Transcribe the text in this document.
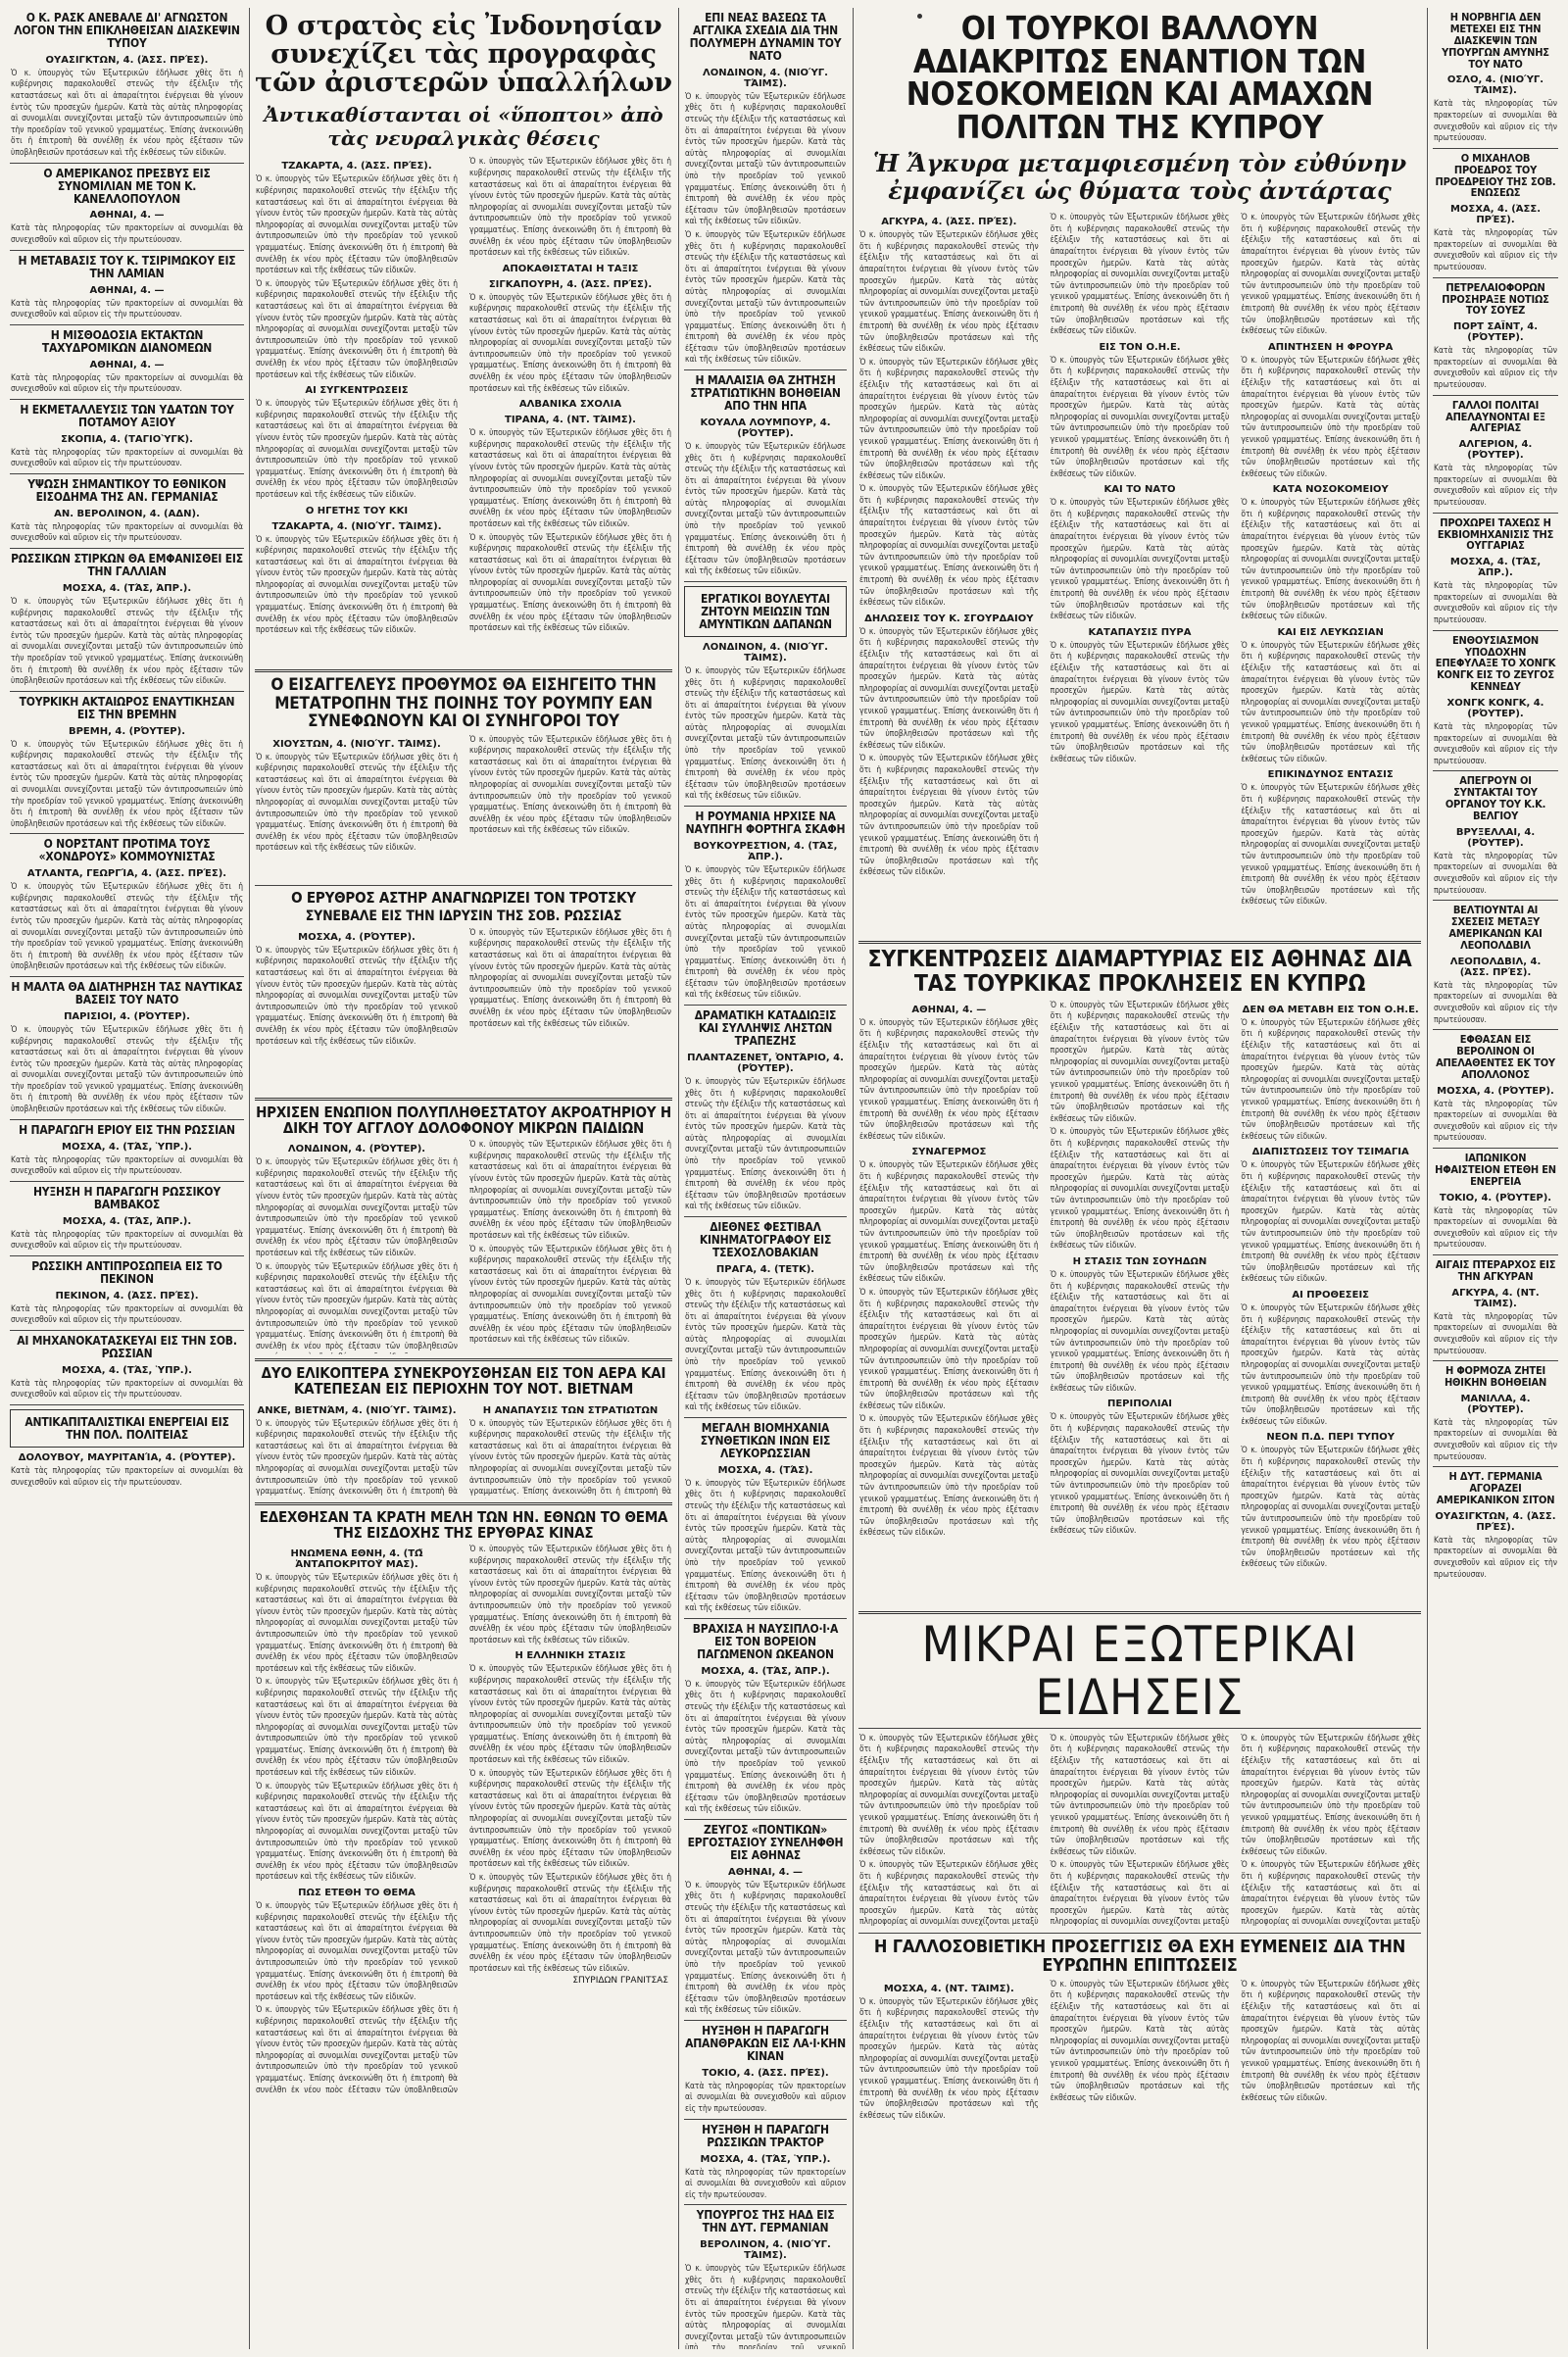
Ο Κ. ΡΑΣΚ ΑΝΕΒΑΛΕ ΔΙ' ΑΓΝΩΣΤΟΝ ΛΟΓΟΝ ΤΗΝ ΕΠΙΚΛΗΘΕΙΣΑΝ ΔΙΑΣΚΕΨΙΝ ΤΥΠΟΥ
ΟΥΑΣΙΓΚΤΩΝ, 4. (ἈΣΣ. ΠΡΈΣ).
Ὁ κ. ὑπουργὸς τῶν Ἐξωτερικῶν ἐδήλωσε χθὲς ὅτι ἡ κυβέρνησις παρακολουθεῖ στενῶς τὴν ἐξέλιξιν τῆς καταστάσεως καὶ ὅτι αἱ ἀπαραίτητοι ἐνέργειαι θὰ γίνουν ἐντὸς τῶν προσεχῶν ἡμερῶν. Κατὰ τὰς αὐτὰς πληροφορίας αἱ συνομιλίαι συνεχίζονται μεταξὺ τῶν ἀντιπροσωπειῶν ὑπὸ τὴν προεδρίαν τοῦ γενικοῦ γραμματέως. Ἐπίσης ἀνεκοινώθη ὅτι ἡ ἐπιτροπὴ θὰ συνέλθῃ ἐκ νέου πρὸς ἐξέτασιν τῶν ὑποβληθεισῶν προτάσεων καὶ τῆς ἐκθέσεως τῶν εἰδικῶν.
Ο ΑΜΕΡΙΚΑΝΟΣ ΠΡΕΣΒΥΣ ΕΙΣ ΣΥΝΟΜΙΛΙΑΝ ΜΕ ΤΟΝ Κ. ΚΑΝΕΛΛΟΠΟΥΛΟΝ
ΑΘΗΝΑΙ, 4. —
Κατὰ τὰς πληροφορίας τῶν πρακτορείων αἱ συνομιλίαι θὰ συνεχισθοῦν καὶ αὔριον εἰς τὴν πρωτεύουσαν.
Η ΜΕΤΑΒΑΣΙΣ ΤΟΥ Κ. ΤΣΙΡΙΜΩΚΟΥ ΕΙΣ ΤΗΝ ΛΑΜΙΑΝ
ΑΘΗΝΑΙ, 4. —
Κατὰ τὰς πληροφορίας τῶν πρακτορείων αἱ συνομιλίαι θὰ συνεχισθοῦν καὶ αὔριον εἰς τὴν πρωτεύουσαν.
Η ΜΙΣΘΟΔΟΣΙΑ ΕΚΤΑΚΤΩΝ ΤΑΧΥΔΡΟΜΙΚΩΝ ΔΙΑΝΟΜΕΩΝ
ΑΘΗΝΑΙ, 4. —
Κατὰ τὰς πληροφορίας τῶν πρακτορείων αἱ συνομιλίαι θὰ συνεχισθοῦν καὶ αὔριον εἰς τὴν πρωτεύουσαν.
Η ΕΚΜΕΤΑΛΛΕΥΣΙΣ ΤΩΝ ΥΔΑΤΩΝ ΤΟΥ ΠΟΤΑΜΟΥ ΑΞΙΟΥ
ΣΚΟΠΙΑ, 4. (ΤΑΓΙΟῪΓΚ).
Κατὰ τὰς πληροφορίας τῶν πρακτορείων αἱ συνομιλίαι θὰ συνεχισθοῦν καὶ αὔριον εἰς τὴν πρωτεύουσαν.
ΥΨΩΣΗ ΣΗΜΑΝΤΙΚΟΥ ΤΟ ΕΘΝΙΚΟΝ ΕΙΣΟΔΗΜΑ ΤΗΣ ΑΝ. ΓΕΡΜΑΝΙΑΣ
ΑΝ. ΒΕΡΟΛΙΝΟΝ, 4. (ΑΔΝ).
Κατὰ τὰς πληροφορίας τῶν πρακτορείων αἱ συνομιλίαι θὰ συνεχισθοῦν καὶ αὔριον εἰς τὴν πρωτεύουσαν.
ΡΩΣΣΙΚΩΝ ΣΤΙΡΚΩΝ ΘΑ ΕΜΦΑΝΙΣΘΕΙ ΕΙΣ ΤΗΝ ΓΑΛΛΙΑΝ
ΜΟΣΧΑ, 4. (ΤΆΣ, ἈΠΡ.).
Ὁ κ. ὑπουργὸς τῶν Ἐξωτερικῶν ἐδήλωσε χθὲς ὅτι ἡ κυβέρνησις παρακολουθεῖ στενῶς τὴν ἐξέλιξιν τῆς καταστάσεως καὶ ὅτι αἱ ἀπαραίτητοι ἐνέργειαι θὰ γίνουν ἐντὸς τῶν προσεχῶν ἡμερῶν. Κατὰ τὰς αὐτὰς πληροφορίας αἱ συνομιλίαι συνεχίζονται μεταξὺ τῶν ἀντιπροσωπειῶν ὑπὸ τὴν προεδρίαν τοῦ γενικοῦ γραμματέως. Ἐπίσης ἀνεκοινώθη ὅτι ἡ ἐπιτροπὴ θὰ συνέλθῃ ἐκ νέου πρὸς ἐξέτασιν τῶν ὑποβληθεισῶν προτάσεων καὶ τῆς ἐκθέσεως τῶν εἰδικῶν.
ΤΟΥΡΚΙΚΗ ΑΚΤΑΙΩΡΟΣ ΕΝΑΥΤΙΚΗΣΑΝ ΕΙΣ ΤΗΝ ΒΡΕΜΗΝ
ΒΡΕΜΗ, 4. (ΡΌΥΤΕΡ).
Ὁ κ. ὑπουργὸς τῶν Ἐξωτερικῶν ἐδήλωσε χθὲς ὅτι ἡ κυβέρνησις παρακολουθεῖ στενῶς τὴν ἐξέλιξιν τῆς καταστάσεως καὶ ὅτι αἱ ἀπαραίτητοι ἐνέργειαι θὰ γίνουν ἐντὸς τῶν προσεχῶν ἡμερῶν. Κατὰ τὰς αὐτὰς πληροφορίας αἱ συνομιλίαι συνεχίζονται μεταξὺ τῶν ἀντιπροσωπειῶν ὑπὸ τὴν προεδρίαν τοῦ γενικοῦ γραμματέως. Ἐπίσης ἀνεκοινώθη ὅτι ἡ ἐπιτροπὴ θὰ συνέλθῃ ἐκ νέου πρὸς ἐξέτασιν τῶν ὑποβληθεισῶν προτάσεων καὶ τῆς ἐκθέσεως τῶν εἰδικῶν.
Ο ΝΟΡΣΤΑΝΤ ΠΡΟΤΙΜΑ ΤΟΥΣ «ΧΟΝΔΡΟΥΣ» ΚΟΜΜΟΥΝΙΣΤΑΣ
ΑΤΛΑΝΤΑ, ΓΕΩΡΓΊΑ, 4. (ἈΣΣ. ΠΡΈΣ).
Ὁ κ. ὑπουργὸς τῶν Ἐξωτερικῶν ἐδήλωσε χθὲς ὅτι ἡ κυβέρνησις παρακολουθεῖ στενῶς τὴν ἐξέλιξιν τῆς καταστάσεως καὶ ὅτι αἱ ἀπαραίτητοι ἐνέργειαι θὰ γίνουν ἐντὸς τῶν προσεχῶν ἡμερῶν. Κατὰ τὰς αὐτὰς πληροφορίας αἱ συνομιλίαι συνεχίζονται μεταξὺ τῶν ἀντιπροσωπειῶν ὑπὸ τὴν προεδρίαν τοῦ γενικοῦ γραμματέως. Ἐπίσης ἀνεκοινώθη ὅτι ἡ ἐπιτροπὴ θὰ συνέλθῃ ἐκ νέου πρὸς ἐξέτασιν τῶν ὑποβληθεισῶν προτάσεων καὶ τῆς ἐκθέσεως τῶν εἰδικῶν.
Η ΜΑΛΤΑ ΘΑ ΔΙΑΤΗΡΗΣΗ ΤΑΣ ΝΑΥΤΙΚΑΣ ΒΑΣΕΙΣ ΤΟΥ ΝΑΤΟ
ΠΑΡΙΣΙΟΙ, 4. (ΡΌΥΤΕΡ).
Ὁ κ. ὑπουργὸς τῶν Ἐξωτερικῶν ἐδήλωσε χθὲς ὅτι ἡ κυβέρνησις παρακολουθεῖ στενῶς τὴν ἐξέλιξιν τῆς καταστάσεως καὶ ὅτι αἱ ἀπαραίτητοι ἐνέργειαι θὰ γίνουν ἐντὸς τῶν προσεχῶν ἡμερῶν. Κατὰ τὰς αὐτὰς πληροφορίας αἱ συνομιλίαι συνεχίζονται μεταξὺ τῶν ἀντιπροσωπειῶν ὑπὸ τὴν προεδρίαν τοῦ γενικοῦ γραμματέως. Ἐπίσης ἀνεκοινώθη ὅτι ἡ ἐπιτροπὴ θὰ συνέλθῃ ἐκ νέου πρὸς ἐξέτασιν τῶν ὑποβληθεισῶν προτάσεων καὶ τῆς ἐκθέσεως τῶν εἰδικῶν.
Η ΠΑΡΑΓΩΓΗ ΕΡΙΟΥ ΕΙΣ ΤΗΝ ΡΩΣΣΙΑΝ
ΜΟΣΧΑ, 4. (ΤΆΣ, ὙΠΡ.).
Κατὰ τὰς πληροφορίας τῶν πρακτορείων αἱ συνομιλίαι θὰ συνεχισθοῦν καὶ αὔριον εἰς τὴν πρωτεύουσαν.
ΗΥΞΗΣΗ Η ΠΑΡΑΓΩΓΗ ΡΩΣΣΙΚΟΥ ΒΑΜΒΑΚΟΣ
ΜΟΣΧΑ, 4. (ΤΆΣ, ἈΠΡ.).
Κατὰ τὰς πληροφορίας τῶν πρακτορείων αἱ συνομιλίαι θὰ συνεχισθοῦν καὶ αὔριον εἰς τὴν πρωτεύουσαν.
ΡΩΣΣΙΚΗ ΑΝΤΙΠΡΟΣΩΠΕΙΑ ΕΙΣ ΤΟ ΠΕΚΙΝΟΝ
ΠΕΚΙΝΟΝ, 4. (ἈΣΣ. ΠΡΈΣ).
Κατὰ τὰς πληροφορίας τῶν πρακτορείων αἱ συνομιλίαι θὰ συνεχισθοῦν καὶ αὔριον εἰς τὴν πρωτεύουσαν.
ΑΙ ΜΗΧΑΝΟΚΑΤΑΣΚΕΥΑΙ ΕΙΣ ΤΗΝ ΣΟΒ. ΡΩΣΣΙΑΝ
ΜΟΣΧΑ, 4. (ΤΆΣ, ὙΠΡ.).
Κατὰ τὰς πληροφορίας τῶν πρακτορείων αἱ συνομιλίαι θὰ συνεχισθοῦν καὶ αὔριον εἰς τὴν πρωτεύουσαν.
ΑΝΤΙΚΑΠΙΤΑΛΙΣΤΙΚΑΙ ΕΝΕΡΓΕΙΑΙ ΕΙΣ ΤΗΝ ΠΟΛ. ΠΟΛΙΤΕΙΑΣ
ΔΟΛΟΥΒΟΥ, ΜΑΥΡΙΤΑΝΊΑ, 4. (ΡΌΥΤΕΡ).
Κατὰ τὰς πληροφορίας τῶν πρακτορείων αἱ συνομιλίαι θὰ συνεχισθοῦν καὶ αὔριον εἰς τὴν πρωτεύουσαν.
Ο στρατὸς εἰς Ἰνδονησίαν συνεχίζει τὰς προγραφὰς τῶν ἀριστερῶν ὑπαλλήλων
Ἀντικαθίστανται οἱ «ὕποπτοι» ἀπὸ τὰς νευραλγικὰς θέσεις
ΤΖΑΚΑΡΤΑ, 4. (ἈΣΣ. ΠΡΈΣ).
Ὁ κ. ὑπουργὸς τῶν Ἐξωτερικῶν ἐδήλωσε χθὲς ὅτι ἡ κυβέρνησις παρακολουθεῖ στενῶς τὴν ἐξέλιξιν τῆς καταστάσεως καὶ ὅτι αἱ ἀπαραίτητοι ἐνέργειαι θὰ γίνουν ἐντὸς τῶν προσεχῶν ἡμερῶν. Κατὰ τὰς αὐτὰς πληροφορίας αἱ συνομιλίαι συνεχίζονται μεταξὺ τῶν ἀντιπροσωπειῶν ὑπὸ τὴν προεδρίαν τοῦ γενικοῦ γραμματέως. Ἐπίσης ἀνεκοινώθη ὅτι ἡ ἐπιτροπὴ θὰ συνέλθῃ ἐκ νέου πρὸς ἐξέτασιν τῶν ὑποβληθεισῶν προτάσεων καὶ τῆς ἐκθέσεως τῶν εἰδικῶν.
Ὁ κ. ὑπουργὸς τῶν Ἐξωτερικῶν ἐδήλωσε χθὲς ὅτι ἡ κυβέρνησις παρακολουθεῖ στενῶς τὴν ἐξέλιξιν τῆς καταστάσεως καὶ ὅτι αἱ ἀπαραίτητοι ἐνέργειαι θὰ γίνουν ἐντὸς τῶν προσεχῶν ἡμερῶν. Κατὰ τὰς αὐτὰς πληροφορίας αἱ συνομιλίαι συνεχίζονται μεταξὺ τῶν ἀντιπροσωπειῶν ὑπὸ τὴν προεδρίαν τοῦ γενικοῦ γραμματέως. Ἐπίσης ἀνεκοινώθη ὅτι ἡ ἐπιτροπὴ θὰ συνέλθῃ ἐκ νέου πρὸς ἐξέτασιν τῶν ὑποβληθεισῶν προτάσεων καὶ τῆς ἐκθέσεως τῶν εἰδικῶν.
ΑΙ ΣΥΓΚΕΝΤΡΩΣΕΙΣ
Ὁ κ. ὑπουργὸς τῶν Ἐξωτερικῶν ἐδήλωσε χθὲς ὅτι ἡ κυβέρνησις παρακολουθεῖ στενῶς τὴν ἐξέλιξιν τῆς καταστάσεως καὶ ὅτι αἱ ἀπαραίτητοι ἐνέργειαι θὰ γίνουν ἐντὸς τῶν προσεχῶν ἡμερῶν. Κατὰ τὰς αὐτὰς πληροφορίας αἱ συνομιλίαι συνεχίζονται μεταξὺ τῶν ἀντιπροσωπειῶν ὑπὸ τὴν προεδρίαν τοῦ γενικοῦ γραμματέως. Ἐπίσης ἀνεκοινώθη ὅτι ἡ ἐπιτροπὴ θὰ συνέλθῃ ἐκ νέου πρὸς ἐξέτασιν τῶν ὑποβληθεισῶν προτάσεων καὶ τῆς ἐκθέσεως τῶν εἰδικῶν.
Ο ΗΓΕΤΗΣ ΤΟΥ ΚΚΙ
ΤΖΑΚΑΡΤΑ, 4. (ΝΙΟΎΓ. ΤΆΙΜΣ).
Ὁ κ. ὑπουργὸς τῶν Ἐξωτερικῶν ἐδήλωσε χθὲς ὅτι ἡ κυβέρνησις παρακολουθεῖ στενῶς τὴν ἐξέλιξιν τῆς καταστάσεως καὶ ὅτι αἱ ἀπαραίτητοι ἐνέργειαι θὰ γίνουν ἐντὸς τῶν προσεχῶν ἡμερῶν. Κατὰ τὰς αὐτὰς πληροφορίας αἱ συνομιλίαι συνεχίζονται μεταξὺ τῶν ἀντιπροσωπειῶν ὑπὸ τὴν προεδρίαν τοῦ γενικοῦ γραμματέως. Ἐπίσης ἀνεκοινώθη ὅτι ἡ ἐπιτροπὴ θὰ συνέλθῃ ἐκ νέου πρὸς ἐξέτασιν τῶν ὑποβληθεισῶν προτάσεων καὶ τῆς ἐκθέσεως τῶν εἰδικῶν.
Ὁ κ. ὑπουργὸς τῶν Ἐξωτερικῶν ἐδήλωσε χθὲς ὅτι ἡ κυβέρνησις παρακολουθεῖ στενῶς τὴν ἐξέλιξιν τῆς καταστάσεως καὶ ὅτι αἱ ἀπαραίτητοι ἐνέργειαι θὰ γίνουν ἐντὸς τῶν προσεχῶν ἡμερῶν. Κατὰ τὰς αὐτὰς πληροφορίας αἱ συνομιλίαι συνεχίζονται μεταξὺ τῶν ἀντιπροσωπειῶν ὑπὸ τὴν προεδρίαν τοῦ γενικοῦ γραμματέως. Ἐπίσης ἀνεκοινώθη ὅτι ἡ ἐπιτροπὴ θὰ συνέλθῃ ἐκ νέου πρὸς ἐξέτασιν τῶν ὑποβληθεισῶν προτάσεων καὶ τῆς ἐκθέσεως τῶν εἰδικῶν.
ΑΠΟΚΑΘΙΣΤΑΤΑΙ Η ΤΑΞΙΣ
ΣΙΓΚΑΠΟΥΡΗ, 4. (ἈΣΣ. ΠΡΈΣ).
Ὁ κ. ὑπουργὸς τῶν Ἐξωτερικῶν ἐδήλωσε χθὲς ὅτι ἡ κυβέρνησις παρακολουθεῖ στενῶς τὴν ἐξέλιξιν τῆς καταστάσεως καὶ ὅτι αἱ ἀπαραίτητοι ἐνέργειαι θὰ γίνουν ἐντὸς τῶν προσεχῶν ἡμερῶν. Κατὰ τὰς αὐτὰς πληροφορίας αἱ συνομιλίαι συνεχίζονται μεταξὺ τῶν ἀντιπροσωπειῶν ὑπὸ τὴν προεδρίαν τοῦ γενικοῦ γραμματέως. Ἐπίσης ἀνεκοινώθη ὅτι ἡ ἐπιτροπὴ θὰ συνέλθῃ ἐκ νέου πρὸς ἐξέτασιν τῶν ὑποβληθεισῶν προτάσεων καὶ τῆς ἐκθέσεως τῶν εἰδικῶν.
ΑΛΒΑΝΙΚΑ ΣΧΟΛΙΑ
ΤΙΡΑΝΑ, 4. (ΝΤ. ΤΆΙΜΣ).
Ὁ κ. ὑπουργὸς τῶν Ἐξωτερικῶν ἐδήλωσε χθὲς ὅτι ἡ κυβέρνησις παρακολουθεῖ στενῶς τὴν ἐξέλιξιν τῆς καταστάσεως καὶ ὅτι αἱ ἀπαραίτητοι ἐνέργειαι θὰ γίνουν ἐντὸς τῶν προσεχῶν ἡμερῶν. Κατὰ τὰς αὐτὰς πληροφορίας αἱ συνομιλίαι συνεχίζονται μεταξὺ τῶν ἀντιπροσωπειῶν ὑπὸ τὴν προεδρίαν τοῦ γενικοῦ γραμματέως. Ἐπίσης ἀνεκοινώθη ὅτι ἡ ἐπιτροπὴ θὰ συνέλθῃ ἐκ νέου πρὸς ἐξέτασιν τῶν ὑποβληθεισῶν προτάσεων καὶ τῆς ἐκθέσεως τῶν εἰδικῶν.
Ὁ κ. ὑπουργὸς τῶν Ἐξωτερικῶν ἐδήλωσε χθὲς ὅτι ἡ κυβέρνησις παρακολουθεῖ στενῶς τὴν ἐξέλιξιν τῆς καταστάσεως καὶ ὅτι αἱ ἀπαραίτητοι ἐνέργειαι θὰ γίνουν ἐντὸς τῶν προσεχῶν ἡμερῶν. Κατὰ τὰς αὐτὰς πληροφορίας αἱ συνομιλίαι συνεχίζονται μεταξὺ τῶν ἀντιπροσωπειῶν ὑπὸ τὴν προεδρίαν τοῦ γενικοῦ γραμματέως. Ἐπίσης ἀνεκοινώθη ὅτι ἡ ἐπιτροπὴ θὰ συνέλθῃ ἐκ νέου πρὸς ἐξέτασιν τῶν ὑποβληθεισῶν προτάσεων καὶ τῆς ἐκθέσεως τῶν εἰδικῶν.
Ο ΕΙΣΑΓΓΕΛΕΥΣ ΠΡΟΘΥΜΟΣ ΘΑ ΕΙΣΗΓΕΙΤΟ ΤΗΝ ΜΕΤΑΤΡΟΠΗΝ ΤΗΣ ΠΟΙΝΗΣ ΤΟΥ ΡΟΥΜΠΥ ΕΑΝ ΣΥΝΕΦΩΝΟΥΝ ΚΑΙ ΟΙ ΣΥΝΗΓΟΡΟΙ ΤΟΥ
ΧΙΟΥΣΤΩΝ, 4. (ΝΙΟΎΓ. ΤΆΙΜΣ).
Ὁ κ. ὑπουργὸς τῶν Ἐξωτερικῶν ἐδήλωσε χθὲς ὅτι ἡ κυβέρνησις παρακολουθεῖ στενῶς τὴν ἐξέλιξιν τῆς καταστάσεως καὶ ὅτι αἱ ἀπαραίτητοι ἐνέργειαι θὰ γίνουν ἐντὸς τῶν προσεχῶν ἡμερῶν. Κατὰ τὰς αὐτὰς πληροφορίας αἱ συνομιλίαι συνεχίζονται μεταξὺ τῶν ἀντιπροσωπειῶν ὑπὸ τὴν προεδρίαν τοῦ γενικοῦ γραμματέως. Ἐπίσης ἀνεκοινώθη ὅτι ἡ ἐπιτροπὴ θὰ συνέλθῃ ἐκ νέου πρὸς ἐξέτασιν τῶν ὑποβληθεισῶν προτάσεων καὶ τῆς ἐκθέσεως τῶν εἰδικῶν.
Ὁ κ. ὑπουργὸς τῶν Ἐξωτερικῶν ἐδήλωσε χθὲς ὅτι ἡ κυβέρνησις παρακολουθεῖ στενῶς τὴν ἐξέλιξιν τῆς καταστάσεως καὶ ὅτι αἱ ἀπαραίτητοι ἐνέργειαι θὰ γίνουν ἐντὸς τῶν προσεχῶν ἡμερῶν. Κατὰ τὰς αὐτὰς πληροφορίας αἱ συνομιλίαι συνεχίζονται μεταξὺ τῶν ἀντιπροσωπειῶν ὑπὸ τὴν προεδρίαν τοῦ γενικοῦ γραμματέως. Ἐπίσης ἀνεκοινώθη ὅτι ἡ ἐπιτροπὴ θὰ συνέλθῃ ἐκ νέου πρὸς ἐξέτασιν τῶν ὑποβληθεισῶν προτάσεων καὶ τῆς ἐκθέσεως τῶν εἰδικῶν.
Ο ΕΡΥΘΡΟΣ ΑΣΤΗΡ ΑΝΑΓΝΩΡΙΖΕΙ ΤΟΝ ΤΡΟΤΣΚΥ
ΣΥΝΕΒΑΛΕ ΕΙΣ ΤΗΝ ΙΔΡΥΣΙΝ ΤΗΣ ΣΟΒ. ΡΩΣΣΙΑΣ
ΜΟΣΧΑ, 4. (ΡΌΥΤΕΡ).
Ὁ κ. ὑπουργὸς τῶν Ἐξωτερικῶν ἐδήλωσε χθὲς ὅτι ἡ κυβέρνησις παρακολουθεῖ στενῶς τὴν ἐξέλιξιν τῆς καταστάσεως καὶ ὅτι αἱ ἀπαραίτητοι ἐνέργειαι θὰ γίνουν ἐντὸς τῶν προσεχῶν ἡμερῶν. Κατὰ τὰς αὐτὰς πληροφορίας αἱ συνομιλίαι συνεχίζονται μεταξὺ τῶν ἀντιπροσωπειῶν ὑπὸ τὴν προεδρίαν τοῦ γενικοῦ γραμματέως. Ἐπίσης ἀνεκοινώθη ὅτι ἡ ἐπιτροπὴ θὰ συνέλθῃ ἐκ νέου πρὸς ἐξέτασιν τῶν ὑποβληθεισῶν προτάσεων καὶ τῆς ἐκθέσεως τῶν εἰδικῶν.
Ὁ κ. ὑπουργὸς τῶν Ἐξωτερικῶν ἐδήλωσε χθὲς ὅτι ἡ κυβέρνησις παρακολουθεῖ στενῶς τὴν ἐξέλιξιν τῆς καταστάσεως καὶ ὅτι αἱ ἀπαραίτητοι ἐνέργειαι θὰ γίνουν ἐντὸς τῶν προσεχῶν ἡμερῶν. Κατὰ τὰς αὐτὰς πληροφορίας αἱ συνομιλίαι συνεχίζονται μεταξὺ τῶν ἀντιπροσωπειῶν ὑπὸ τὴν προεδρίαν τοῦ γενικοῦ γραμματέως. Ἐπίσης ἀνεκοινώθη ὅτι ἡ ἐπιτροπὴ θὰ συνέλθῃ ἐκ νέου πρὸς ἐξέτασιν τῶν ὑποβληθεισῶν προτάσεων καὶ τῆς ἐκθέσεως τῶν εἰδικῶν.
ΗΡΧΙΣΕΝ ΕΝΩΠΙΟΝ ΠΟΛΥΠΛΗΘΕΣΤΑΤΟΥ ΑΚΡΟΑΤΗΡΙΟΥ Η ΔΙΚΗ ΤΟΥ ΑΓΓΛΟΥ ΔΟΛΟΦΟΝΟΥ ΜΙΚΡΩΝ ΠΑΙΔΙΩΝ
ΛΟΝΔΙΝΟΝ, 4. (ΡΌΥΤΕΡ).
Ὁ κ. ὑπουργὸς τῶν Ἐξωτερικῶν ἐδήλωσε χθὲς ὅτι ἡ κυβέρνησις παρακολουθεῖ στενῶς τὴν ἐξέλιξιν τῆς καταστάσεως καὶ ὅτι αἱ ἀπαραίτητοι ἐνέργειαι θὰ γίνουν ἐντὸς τῶν προσεχῶν ἡμερῶν. Κατὰ τὰς αὐτὰς πληροφορίας αἱ συνομιλίαι συνεχίζονται μεταξὺ τῶν ἀντιπροσωπειῶν ὑπὸ τὴν προεδρίαν τοῦ γενικοῦ γραμματέως. Ἐπίσης ἀνεκοινώθη ὅτι ἡ ἐπιτροπὴ θὰ συνέλθῃ ἐκ νέου πρὸς ἐξέτασιν τῶν ὑποβληθεισῶν προτάσεων καὶ τῆς ἐκθέσεως τῶν εἰδικῶν.
Ὁ κ. ὑπουργὸς τῶν Ἐξωτερικῶν ἐδήλωσε χθὲς ὅτι ἡ κυβέρνησις παρακολουθεῖ στενῶς τὴν ἐξέλιξιν τῆς καταστάσεως καὶ ὅτι αἱ ἀπαραίτητοι ἐνέργειαι θὰ γίνουν ἐντὸς τῶν προσεχῶν ἡμερῶν. Κατὰ τὰς αὐτὰς πληροφορίας αἱ συνομιλίαι συνεχίζονται μεταξὺ τῶν ἀντιπροσωπειῶν ὑπὸ τὴν προεδρίαν τοῦ γενικοῦ γραμματέως. Ἐπίσης ἀνεκοινώθη ὅτι ἡ ἐπιτροπὴ θὰ συνέλθῃ ἐκ νέου πρὸς ἐξέτασιν τῶν ὑποβληθεισῶν προτάσεων καὶ τῆς ἐκθέσεως τῶν εἰδικῶν.
Ὁ κ. ὑπουργὸς τῶν Ἐξωτερικῶν ἐδήλωσε χθὲς ὅτι ἡ κυβέρνησις παρακολουθεῖ στενῶς τὴν ἐξέλιξιν τῆς καταστάσεως καὶ ὅτι αἱ ἀπαραίτητοι ἐνέργειαι θὰ γίνουν ἐντὸς τῶν προσεχῶν ἡμερῶν. Κατὰ τὰς αὐτὰς πληροφορίας αἱ συνομιλίαι συνεχίζονται μεταξὺ τῶν ἀντιπροσωπειῶν ὑπὸ τὴν προεδρίαν τοῦ γενικοῦ γραμματέως. Ἐπίσης ἀνεκοινώθη ὅτι ἡ ἐπιτροπὴ θὰ συνέλθῃ ἐκ νέου πρὸς ἐξέτασιν τῶν ὑποβληθεισῶν προτάσεων καὶ τῆς ἐκθέσεως τῶν εἰδικῶν.
Ὁ κ. ὑπουργὸς τῶν Ἐξωτερικῶν ἐδήλωσε χθὲς ὅτι ἡ κυβέρνησις παρακολουθεῖ στενῶς τὴν ἐξέλιξιν τῆς καταστάσεως καὶ ὅτι αἱ ἀπαραίτητοι ἐνέργειαι θὰ γίνουν ἐντὸς τῶν προσεχῶν ἡμερῶν. Κατὰ τὰς αὐτὰς πληροφορίας αἱ συνομιλίαι συνεχίζονται μεταξὺ τῶν ἀντιπροσωπειῶν ὑπὸ τὴν προεδρίαν τοῦ γενικοῦ γραμματέως. Ἐπίσης ἀνεκοινώθη ὅτι ἡ ἐπιτροπὴ θὰ συνέλθῃ ἐκ νέου πρὸς ἐξέτασιν τῶν ὑποβληθεισῶν προτάσεων καὶ τῆς ἐκθέσεως τῶν εἰδικῶν.
ΔΥΟ ΕΛΙΚΟΠΤΕΡΑ ΣΥΝΕΚΡΟΥΣΘΗΣΑΝ ΕΙΣ ΤΟΝ ΑΕΡΑ ΚΑΙ ΚΑΤΕΠΕΣΑΝ ΕΙΣ ΠΕΡΙΟΧΗΝ ΤΟΥ ΝΟΤ. ΒΙΕΤΝΑΜ
ΑΝΚΕ, ΒΙΕΤΝΆΜ, 4. (ΝΙΟΎΓ. ΤΆΙΜΣ).
Ὁ κ. ὑπουργὸς τῶν Ἐξωτερικῶν ἐδήλωσε χθὲς ὅτι ἡ κυβέρνησις παρακολουθεῖ στενῶς τὴν ἐξέλιξιν τῆς καταστάσεως καὶ ὅτι αἱ ἀπαραίτητοι ἐνέργειαι θὰ γίνουν ἐντὸς τῶν προσεχῶν ἡμερῶν. Κατὰ τὰς αὐτὰς πληροφορίας αἱ συνομιλίαι συνεχίζονται μεταξὺ τῶν ἀντιπροσωπειῶν ὑπὸ τὴν προεδρίαν τοῦ γενικοῦ γραμματέως. Ἐπίσης ἀνεκοινώθη ὅτι ἡ ἐπιτροπὴ θὰ συνέλθῃ ἐκ νέου πρὸς ἐξέτασιν τῶν ὑποβληθεισῶν προτάσεων καὶ τῆς ἐκθέσεως τῶν εἰδικῶν.	Η ΑΝΑΠΑΥΣΙΣ ΤΩΝ ΣΤΡΑΤΙΩΤΩΝ
Ὁ κ. ὑπουργὸς τῶν Ἐξωτερικῶν ἐδήλωσε χθὲς ὅτι ἡ κυβέρνησις παρακολουθεῖ στενῶς τὴν ἐξέλιξιν τῆς καταστάσεως καὶ ὅτι αἱ ἀπαραίτητοι ἐνέργειαι θὰ γίνουν ἐντὸς τῶν προσεχῶν ἡμερῶν. Κατὰ τὰς αὐτὰς πληροφορίας αἱ συνομιλίαι συνεχίζονται μεταξὺ τῶν ἀντιπροσωπειῶν ὑπὸ τὴν προεδρίαν τοῦ γενικοῦ γραμματέως. Ἐπίσης ἀνεκοινώθη ὅτι ἡ ἐπιτροπὴ θὰ συνέλθῃ ἐκ νέου πρὸς ἐξέτασιν τῶν ὑποβληθεισῶν προτάσεων καὶ τῆς ἐκθέσεως τῶν εἰδικῶν.
ΕΔΕΧΘΗΣΑΝ ΤΑ ΚΡΑΤΗ ΜΕΛΗ ΤΩΝ ΗΝ. ΕΘΝΩΝ ΤΟ ΘΕΜΑ ΤΗΣ ΕΙΣΔΟΧΗΣ ΤΗΣ ΕΡΥΘΡΑΣ ΚΙΝΑΣ
ΗΝΩΜΕΝΑ ΕΘΝΗ, 4. (ΤΩ͂ ἈΝΤΑΠΟΚΡΙΤΟΥ͂ ΜΑΣ).
Ὁ κ. ὑπουργὸς τῶν Ἐξωτερικῶν ἐδήλωσε χθὲς ὅτι ἡ κυβέρνησις παρακολουθεῖ στενῶς τὴν ἐξέλιξιν τῆς καταστάσεως καὶ ὅτι αἱ ἀπαραίτητοι ἐνέργειαι θὰ γίνουν ἐντὸς τῶν προσεχῶν ἡμερῶν. Κατὰ τὰς αὐτὰς πληροφορίας αἱ συνομιλίαι συνεχίζονται μεταξὺ τῶν ἀντιπροσωπειῶν ὑπὸ τὴν προεδρίαν τοῦ γενικοῦ γραμματέως. Ἐπίσης ἀνεκοινώθη ὅτι ἡ ἐπιτροπὴ θὰ συνέλθῃ ἐκ νέου πρὸς ἐξέτασιν τῶν ὑποβληθεισῶν προτάσεων καὶ τῆς ἐκθέσεως τῶν εἰδικῶν.
Ὁ κ. ὑπουργὸς τῶν Ἐξωτερικῶν ἐδήλωσε χθὲς ὅτι ἡ κυβέρνησις παρακολουθεῖ στενῶς τὴν ἐξέλιξιν τῆς καταστάσεως καὶ ὅτι αἱ ἀπαραίτητοι ἐνέργειαι θὰ γίνουν ἐντὸς τῶν προσεχῶν ἡμερῶν. Κατὰ τὰς αὐτὰς πληροφορίας αἱ συνομιλίαι συνεχίζονται μεταξὺ τῶν ἀντιπροσωπειῶν ὑπὸ τὴν προεδρίαν τοῦ γενικοῦ γραμματέως. Ἐπίσης ἀνεκοινώθη ὅτι ἡ ἐπιτροπὴ θὰ συνέλθῃ ἐκ νέου πρὸς ἐξέτασιν τῶν ὑποβληθεισῶν προτάσεων καὶ τῆς ἐκθέσεως τῶν εἰδικῶν.
Ὁ κ. ὑπουργὸς τῶν Ἐξωτερικῶν ἐδήλωσε χθὲς ὅτι ἡ κυβέρνησις παρακολουθεῖ στενῶς τὴν ἐξέλιξιν τῆς καταστάσεως καὶ ὅτι αἱ ἀπαραίτητοι ἐνέργειαι θὰ γίνουν ἐντὸς τῶν προσεχῶν ἡμερῶν. Κατὰ τὰς αὐτὰς πληροφορίας αἱ συνομιλίαι συνεχίζονται μεταξὺ τῶν ἀντιπροσωπειῶν ὑπὸ τὴν προεδρίαν τοῦ γενικοῦ γραμματέως. Ἐπίσης ἀνεκοινώθη ὅτι ἡ ἐπιτροπὴ θὰ συνέλθῃ ἐκ νέου πρὸς ἐξέτασιν τῶν ὑποβληθεισῶν προτάσεων καὶ τῆς ἐκθέσεως τῶν εἰδικῶν.
ΠΩΣ ΕΤΕΘΗ ΤΟ ΘΕΜΑ
Ὁ κ. ὑπουργὸς τῶν Ἐξωτερικῶν ἐδήλωσε χθὲς ὅτι ἡ κυβέρνησις παρακολουθεῖ στενῶς τὴν ἐξέλιξιν τῆς καταστάσεως καὶ ὅτι αἱ ἀπαραίτητοι ἐνέργειαι θὰ γίνουν ἐντὸς τῶν προσεχῶν ἡμερῶν. Κατὰ τὰς αὐτὰς πληροφορίας αἱ συνομιλίαι συνεχίζονται μεταξὺ τῶν ἀντιπροσωπειῶν ὑπὸ τὴν προεδρίαν τοῦ γενικοῦ γραμματέως. Ἐπίσης ἀνεκοινώθη ὅτι ἡ ἐπιτροπὴ θὰ συνέλθῃ ἐκ νέου πρὸς ἐξέτασιν τῶν ὑποβληθεισῶν προτάσεων καὶ τῆς ἐκθέσεως τῶν εἰδικῶν.
Ὁ κ. ὑπουργὸς τῶν Ἐξωτερικῶν ἐδήλωσε χθὲς ὅτι ἡ κυβέρνησις παρακολουθεῖ στενῶς τὴν ἐξέλιξιν τῆς καταστάσεως καὶ ὅτι αἱ ἀπαραίτητοι ἐνέργειαι θὰ γίνουν ἐντὸς τῶν προσεχῶν ἡμερῶν. Κατὰ τὰς αὐτὰς πληροφορίας αἱ συνομιλίαι συνεχίζονται μεταξὺ τῶν ἀντιπροσωπειῶν ὑπὸ τὴν προεδρίαν τοῦ γενικοῦ γραμματέως. Ἐπίσης ἀνεκοινώθη ὅτι ἡ ἐπιτροπὴ θὰ συνέλθῃ ἐκ νέου πρὸς ἐξέτασιν τῶν ὑποβληθεισῶν προτάσεων καὶ τῆς ἐκθέσεως τῶν εἰδικῶν.
Ὁ κ. ὑπουργὸς τῶν Ἐξωτερικῶν ἐδήλωσε χθὲς ὅτι ἡ κυβέρνησις παρακολουθεῖ στενῶς τὴν ἐξέλιξιν τῆς καταστάσεως καὶ ὅτι αἱ ἀπαραίτητοι ἐνέργειαι θὰ γίνουν ἐντὸς τῶν προσεχῶν ἡμερῶν. Κατὰ τὰς αὐτὰς πληροφορίας αἱ συνομιλίαι συνεχίζονται μεταξὺ τῶν ἀντιπροσωπειῶν ὑπὸ τὴν προεδρίαν τοῦ γενικοῦ γραμματέως. Ἐπίσης ἀνεκοινώθη ὅτι ἡ ἐπιτροπὴ θὰ συνέλθῃ ἐκ νέου πρὸς ἐξέτασιν τῶν ὑποβληθεισῶν προτάσεων καὶ τῆς ἐκθέσεως τῶν εἰδικῶν.
Η ΕΛΛΗΝΙΚΗ ΣΤΑΣΙΣ
Ὁ κ. ὑπουργὸς τῶν Ἐξωτερικῶν ἐδήλωσε χθὲς ὅτι ἡ κυβέρνησις παρακολουθεῖ στενῶς τὴν ἐξέλιξιν τῆς καταστάσεως καὶ ὅτι αἱ ἀπαραίτητοι ἐνέργειαι θὰ γίνουν ἐντὸς τῶν προσεχῶν ἡμερῶν. Κατὰ τὰς αὐτὰς πληροφορίας αἱ συνομιλίαι συνεχίζονται μεταξὺ τῶν ἀντιπροσωπειῶν ὑπὸ τὴν προεδρίαν τοῦ γενικοῦ γραμματέως. Ἐπίσης ἀνεκοινώθη ὅτι ἡ ἐπιτροπὴ θὰ συνέλθῃ ἐκ νέου πρὸς ἐξέτασιν τῶν ὑποβληθεισῶν προτάσεων καὶ τῆς ἐκθέσεως τῶν εἰδικῶν.
Ὁ κ. ὑπουργὸς τῶν Ἐξωτερικῶν ἐδήλωσε χθὲς ὅτι ἡ κυβέρνησις παρακολουθεῖ στενῶς τὴν ἐξέλιξιν τῆς καταστάσεως καὶ ὅτι αἱ ἀπαραίτητοι ἐνέργειαι θὰ γίνουν ἐντὸς τῶν προσεχῶν ἡμερῶν. Κατὰ τὰς αὐτὰς πληροφορίας αἱ συνομιλίαι συνεχίζονται μεταξὺ τῶν ἀντιπροσωπειῶν ὑπὸ τὴν προεδρίαν τοῦ γενικοῦ γραμματέως. Ἐπίσης ἀνεκοινώθη ὅτι ἡ ἐπιτροπὴ θὰ συνέλθῃ ἐκ νέου πρὸς ἐξέτασιν τῶν ὑποβληθεισῶν προτάσεων καὶ τῆς ἐκθέσεως τῶν εἰδικῶν.
Ὁ κ. ὑπουργὸς τῶν Ἐξωτερικῶν ἐδήλωσε χθὲς ὅτι ἡ κυβέρνησις παρακολουθεῖ στενῶς τὴν ἐξέλιξιν τῆς καταστάσεως καὶ ὅτι αἱ ἀπαραίτητοι ἐνέργειαι θὰ γίνουν ἐντὸς τῶν προσεχῶν ἡμερῶν. Κατὰ τὰς αὐτὰς πληροφορίας αἱ συνομιλίαι συνεχίζονται μεταξὺ τῶν ἀντιπροσωπειῶν ὑπὸ τὴν προεδρίαν τοῦ γενικοῦ γραμματέως. Ἐπίσης ἀνεκοινώθη ὅτι ἡ ἐπιτροπὴ θὰ συνέλθῃ ἐκ νέου πρὸς ἐξέτασιν τῶν ὑποβληθεισῶν προτάσεων καὶ τῆς ἐκθέσεως τῶν εἰδικῶν.
ΣΠΥΡΙΔΩΝ ΓΡΑΝΙΤΣΑΣ
ΕΠΙ ΝΕΑΣ ΒΑΣΕΩΣ ΤΑ ΑΓΓΛΙΚΑ ΣΧΕΔΙΑ ΔΙΑ ΤΗΝ ΠΟΛΥΜΕΡΗ ΔΥΝΑΜΙΝ ΤΟΥ ΝΑΤΟ
ΛΟΝΔΙΝΟΝ, 4. (ΝΙΟΎΓ. ΤΆΙΜΣ).
Ὁ κ. ὑπουργὸς τῶν Ἐξωτερικῶν ἐδήλωσε χθὲς ὅτι ἡ κυβέρνησις παρακολουθεῖ στενῶς τὴν ἐξέλιξιν τῆς καταστάσεως καὶ ὅτι αἱ ἀπαραίτητοι ἐνέργειαι θὰ γίνουν ἐντὸς τῶν προσεχῶν ἡμερῶν. Κατὰ τὰς αὐτὰς πληροφορίας αἱ συνομιλίαι συνεχίζονται μεταξὺ τῶν ἀντιπροσωπειῶν ὑπὸ τὴν προεδρίαν τοῦ γενικοῦ γραμματέως. Ἐπίσης ἀνεκοινώθη ὅτι ἡ ἐπιτροπὴ θὰ συνέλθῃ ἐκ νέου πρὸς ἐξέτασιν τῶν ὑποβληθεισῶν προτάσεων καὶ τῆς ἐκθέσεως τῶν εἰδικῶν.
Ὁ κ. ὑπουργὸς τῶν Ἐξωτερικῶν ἐδήλωσε χθὲς ὅτι ἡ κυβέρνησις παρακολουθεῖ στενῶς τὴν ἐξέλιξιν τῆς καταστάσεως καὶ ὅτι αἱ ἀπαραίτητοι ἐνέργειαι θὰ γίνουν ἐντὸς τῶν προσεχῶν ἡμερῶν. Κατὰ τὰς αὐτὰς πληροφορίας αἱ συνομιλίαι συνεχίζονται μεταξὺ τῶν ἀντιπροσωπειῶν ὑπὸ τὴν προεδρίαν τοῦ γενικοῦ γραμματέως. Ἐπίσης ἀνεκοινώθη ὅτι ἡ ἐπιτροπὴ θὰ συνέλθῃ ἐκ νέου πρὸς ἐξέτασιν τῶν ὑποβληθεισῶν προτάσεων καὶ τῆς ἐκθέσεως τῶν εἰδικῶν.
Η ΜΑΛΑΙΣΙΑ ΘΑ ΖΗΤΗΣΗ ΣΤΡΑΤΙΩΤΙΚΗΝ ΒΟΗΘΕΙΑΝ ΑΠΟ ΤΗΝ ΗΠΑ
ΚΟΥΑΛΑ ΛΟΥΜΠΟΥΡ, 4. (ΡΌΥΤΕΡ).
Ὁ κ. ὑπουργὸς τῶν Ἐξωτερικῶν ἐδήλωσε χθὲς ὅτι ἡ κυβέρνησις παρακολουθεῖ στενῶς τὴν ἐξέλιξιν τῆς καταστάσεως καὶ ὅτι αἱ ἀπαραίτητοι ἐνέργειαι θὰ γίνουν ἐντὸς τῶν προσεχῶν ἡμερῶν. Κατὰ τὰς αὐτὰς πληροφορίας αἱ συνομιλίαι συνεχίζονται μεταξὺ τῶν ἀντιπροσωπειῶν ὑπὸ τὴν προεδρίαν τοῦ γενικοῦ γραμματέως. Ἐπίσης ἀνεκοινώθη ὅτι ἡ ἐπιτροπὴ θὰ συνέλθῃ ἐκ νέου πρὸς ἐξέτασιν τῶν ὑποβληθεισῶν προτάσεων καὶ τῆς ἐκθέσεως τῶν εἰδικῶν.
ΕΡΓΑΤΙΚΟΙ ΒΟΥΛΕΥΤΑΙ ΖΗΤΟΥΝ ΜΕΙΩΣΙΝ ΤΩΝ ΑΜΥΝΤΙΚΩΝ ΔΑΠΑΝΩΝ
ΛΟΝΔΙΝΟΝ, 4. (ΝΙΟΎΓ. ΤΆΙΜΣ).
Ὁ κ. ὑπουργὸς τῶν Ἐξωτερικῶν ἐδήλωσε χθὲς ὅτι ἡ κυβέρνησις παρακολουθεῖ στενῶς τὴν ἐξέλιξιν τῆς καταστάσεως καὶ ὅτι αἱ ἀπαραίτητοι ἐνέργειαι θὰ γίνουν ἐντὸς τῶν προσεχῶν ἡμερῶν. Κατὰ τὰς αὐτὰς πληροφορίας αἱ συνομιλίαι συνεχίζονται μεταξὺ τῶν ἀντιπροσωπειῶν ὑπὸ τὴν προεδρίαν τοῦ γενικοῦ γραμματέως. Ἐπίσης ἀνεκοινώθη ὅτι ἡ ἐπιτροπὴ θὰ συνέλθῃ ἐκ νέου πρὸς ἐξέτασιν τῶν ὑποβληθεισῶν προτάσεων καὶ τῆς ἐκθέσεως τῶν εἰδικῶν.
Η ΡΟΥΜΑΝΙΑ ΗΡΧΙΣΕ ΝΑ ΝΑΥΠΗΓΗ ΦΟΡΤΗΓΑ ΣΚΑΦΗ
ΒΟΥΚΟΥΡΕΣΤΙΟΝ, 4. (ΤΆΣ, ἈΠΡ.).
Ὁ κ. ὑπουργὸς τῶν Ἐξωτερικῶν ἐδήλωσε χθὲς ὅτι ἡ κυβέρνησις παρακολουθεῖ στενῶς τὴν ἐξέλιξιν τῆς καταστάσεως καὶ ὅτι αἱ ἀπαραίτητοι ἐνέργειαι θὰ γίνουν ἐντὸς τῶν προσεχῶν ἡμερῶν. Κατὰ τὰς αὐτὰς πληροφορίας αἱ συνομιλίαι συνεχίζονται μεταξὺ τῶν ἀντιπροσωπειῶν ὑπὸ τὴν προεδρίαν τοῦ γενικοῦ γραμματέως. Ἐπίσης ἀνεκοινώθη ὅτι ἡ ἐπιτροπὴ θὰ συνέλθῃ ἐκ νέου πρὸς ἐξέτασιν τῶν ὑποβληθεισῶν προτάσεων καὶ τῆς ἐκθέσεως τῶν εἰδικῶν.
ΔΡΑΜΑΤΙΚΗ ΚΑΤΑΔΙΩΞΙΣ ΚΑΙ ΣΥΛΛΗΨΙΣ ΛΗΣΤΩΝ ΤΡΑΠΕΖΗΣ
ΠΛΑΝΤΑΖΕΝΕΤ, ὈΝΤΆΡΙΟ, 4. (ΡΌΥΤΕΡ).
Ὁ κ. ὑπουργὸς τῶν Ἐξωτερικῶν ἐδήλωσε χθὲς ὅτι ἡ κυβέρνησις παρακολουθεῖ στενῶς τὴν ἐξέλιξιν τῆς καταστάσεως καὶ ὅτι αἱ ἀπαραίτητοι ἐνέργειαι θὰ γίνουν ἐντὸς τῶν προσεχῶν ἡμερῶν. Κατὰ τὰς αὐτὰς πληροφορίας αἱ συνομιλίαι συνεχίζονται μεταξὺ τῶν ἀντιπροσωπειῶν ὑπὸ τὴν προεδρίαν τοῦ γενικοῦ γραμματέως. Ἐπίσης ἀνεκοινώθη ὅτι ἡ ἐπιτροπὴ θὰ συνέλθῃ ἐκ νέου πρὸς ἐξέτασιν τῶν ὑποβληθεισῶν προτάσεων καὶ τῆς ἐκθέσεως τῶν εἰδικῶν.
ΔΙΕΘΝΕΣ ΦΕΣΤΙΒΑΛ ΚΙΝΗΜΑΤΟΓΡΑΦΟΥ ΕΙΣ ΤΣΕΧΟΣΛΟΒΑΚΙΑΝ
ΠΡΑΓΑ, 4. (ΤΕΤΚ).
Ὁ κ. ὑπουργὸς τῶν Ἐξωτερικῶν ἐδήλωσε χθὲς ὅτι ἡ κυβέρνησις παρακολουθεῖ στενῶς τὴν ἐξέλιξιν τῆς καταστάσεως καὶ ὅτι αἱ ἀπαραίτητοι ἐνέργειαι θὰ γίνουν ἐντὸς τῶν προσεχῶν ἡμερῶν. Κατὰ τὰς αὐτὰς πληροφορίας αἱ συνομιλίαι συνεχίζονται μεταξὺ τῶν ἀντιπροσωπειῶν ὑπὸ τὴν προεδρίαν τοῦ γενικοῦ γραμματέως. Ἐπίσης ἀνεκοινώθη ὅτι ἡ ἐπιτροπὴ θὰ συνέλθῃ ἐκ νέου πρὸς ἐξέτασιν τῶν ὑποβληθεισῶν προτάσεων καὶ τῆς ἐκθέσεως τῶν εἰδικῶν.
ΜΕΓΑΛΗ ΒΙΟΜΗΧΑΝΙΑ ΣΥΝΘΕΤΙΚΩΝ ΙΝΩΝ ΕΙΣ ΛΕΥΚΟΡΩΣΣΙΑΝ
ΜΟΣΧΑ, 4. (ΤΆΣ).
Ὁ κ. ὑπουργὸς τῶν Ἐξωτερικῶν ἐδήλωσε χθὲς ὅτι ἡ κυβέρνησις παρακολουθεῖ στενῶς τὴν ἐξέλιξιν τῆς καταστάσεως καὶ ὅτι αἱ ἀπαραίτητοι ἐνέργειαι θὰ γίνουν ἐντὸς τῶν προσεχῶν ἡμερῶν. Κατὰ τὰς αὐτὰς πληροφορίας αἱ συνομιλίαι συνεχίζονται μεταξὺ τῶν ἀντιπροσωπειῶν ὑπὸ τὴν προεδρίαν τοῦ γενικοῦ γραμματέως. Ἐπίσης ἀνεκοινώθη ὅτι ἡ ἐπιτροπὴ θὰ συνέλθῃ ἐκ νέου πρὸς ἐξέτασιν τῶν ὑποβληθεισῶν προτάσεων καὶ τῆς ἐκθέσεως τῶν εἰδικῶν.
ΒΡΑΧΙΣΑ Η ΝΑΥΣΙΠΛΟ·Ι·Α ΕΙΣ ΤΟΝ ΒΟΡΕΙΟΝ ΠΑΓΩΜΕΝΟΝ ΩΚΕΑΝΟΝ
ΜΟΣΧΑ, 4. (ΤΆΣ, ἈΠΡ.).
Ὁ κ. ὑπουργὸς τῶν Ἐξωτερικῶν ἐδήλωσε χθὲς ὅτι ἡ κυβέρνησις παρακολουθεῖ στενῶς τὴν ἐξέλιξιν τῆς καταστάσεως καὶ ὅτι αἱ ἀπαραίτητοι ἐνέργειαι θὰ γίνουν ἐντὸς τῶν προσεχῶν ἡμερῶν. Κατὰ τὰς αὐτὰς πληροφορίας αἱ συνομιλίαι συνεχίζονται μεταξὺ τῶν ἀντιπροσωπειῶν ὑπὸ τὴν προεδρίαν τοῦ γενικοῦ γραμματέως. Ἐπίσης ἀνεκοινώθη ὅτι ἡ ἐπιτροπὴ θὰ συνέλθῃ ἐκ νέου πρὸς ἐξέτασιν τῶν ὑποβληθεισῶν προτάσεων καὶ τῆς ἐκθέσεως τῶν εἰδικῶν.
ΖΕΥΓΟΣ «ΠΟΝΤΙΚΩΝ» ΕΡΓΟΣΤΑΣΙΟΥ ΣΥΝΕΛΗΦΘΗ ΕΙΣ ΑΘΗΝΑΣ
ΑΘΗΝΑΙ, 4. —
Ὁ κ. ὑπουργὸς τῶν Ἐξωτερικῶν ἐδήλωσε χθὲς ὅτι ἡ κυβέρνησις παρακολουθεῖ στενῶς τὴν ἐξέλιξιν τῆς καταστάσεως καὶ ὅτι αἱ ἀπαραίτητοι ἐνέργειαι θὰ γίνουν ἐντὸς τῶν προσεχῶν ἡμερῶν. Κατὰ τὰς αὐτὰς πληροφορίας αἱ συνομιλίαι συνεχίζονται μεταξὺ τῶν ἀντιπροσωπειῶν ὑπὸ τὴν προεδρίαν τοῦ γενικοῦ γραμματέως. Ἐπίσης ἀνεκοινώθη ὅτι ἡ ἐπιτροπὴ θὰ συνέλθῃ ἐκ νέου πρὸς ἐξέτασιν τῶν ὑποβληθεισῶν προτάσεων καὶ τῆς ἐκθέσεως τῶν εἰδικῶν.
ΗΥΞΗΘΗ Η ΠΑΡΑΓΩΓΗ ΑΠΑΝΘΡΑΚΩΝ ΕΙΣ ΛΑ·Ι·ΚΗΝ ΚΙΝΑΝ
ΤΟΚΙΟ, 4. (ἈΣΣ. ΠΡΈΣ).
Κατὰ τὰς πληροφορίας τῶν πρακτορείων αἱ συνομιλίαι θὰ συνεχισθοῦν καὶ αὔριον εἰς τὴν πρωτεύουσαν.
ΗΥΞΗΘΗ Η ΠΑΡΑΓΩΓΗ ΡΩΣΣΙΚΩΝ ΤΡΑΚΤΟΡ
ΜΟΣΧΑ, 4. (ΤΆΣ, ὙΠΡ.).
Κατὰ τὰς πληροφορίας τῶν πρακτορείων αἱ συνομιλίαι θὰ συνεχισθοῦν καὶ αὔριον εἰς τὴν πρωτεύουσαν.
ΥΠΟΥΡΓΟΣ ΤΗΣ ΗΑΔ ΕΙΣ ΤΗΝ ΔΥΤ. ΓΕΡΜΑΝΙΑΝ
ΒΕΡΟΛΙΝΟΝ, 4. (ΝΙΟΎΓ. ΤΆΙΜΣ).
Ὁ κ. ὑπουργὸς τῶν Ἐξωτερικῶν ἐδήλωσε χθὲς ὅτι ἡ κυβέρνησις παρακολουθεῖ στενῶς τὴν ἐξέλιξιν τῆς καταστάσεως καὶ ὅτι αἱ ἀπαραίτητοι ἐνέργειαι θὰ γίνουν ἐντὸς τῶν προσεχῶν ἡμερῶν. Κατὰ τὰς αὐτὰς πληροφορίας αἱ συνομιλίαι συνεχίζονται μεταξὺ τῶν ἀντιπροσωπειῶν ὑπὸ τὴν προεδρίαν τοῦ γενικοῦ γραμματέως. Ἐπίσης ἀνεκοινώθη ὅτι ἡ ἐπιτροπὴ θὰ συνέλθῃ ἐκ νέου πρὸς ἐξέτασιν τῶν ὑποβληθεισῶν προτάσεων καὶ τῆς ἐκθέσεως τῶν εἰδικῶν.
ΟΙ ΤΟΥΡΚΟΙ ΒΑΛΛΟΥΝ ΑΔΙΑΚΡΙΤΩΣ ΕΝΑΝΤΙΟΝ ΤΩΝ ΝΟΣΟΚΟΜΕΙΩΝ ΚΑΙ ΑΜΑΧΩΝ ΠΟΛΙΤΩΝ ΤΗΣ ΚΥΠΡΟΥ
Ἡ Ἄγκυρα μεταμφιεσμένη τὸν εὐθύνην ἐμφανίζει ὡς θύματα τοὺς ἀντάρτας
ΑΓΚΥΡΑ, 4. (ἈΣΣ. ΠΡΈΣ).
Ὁ κ. ὑπουργὸς τῶν Ἐξωτερικῶν ἐδήλωσε χθὲς ὅτι ἡ κυβέρνησις παρακολουθεῖ στενῶς τὴν ἐξέλιξιν τῆς καταστάσεως καὶ ὅτι αἱ ἀπαραίτητοι ἐνέργειαι θὰ γίνουν ἐντὸς τῶν προσεχῶν ἡμερῶν. Κατὰ τὰς αὐτὰς πληροφορίας αἱ συνομιλίαι συνεχίζονται μεταξὺ τῶν ἀντιπροσωπειῶν ὑπὸ τὴν προεδρίαν τοῦ γενικοῦ γραμματέως. Ἐπίσης ἀνεκοινώθη ὅτι ἡ ἐπιτροπὴ θὰ συνέλθῃ ἐκ νέου πρὸς ἐξέτασιν τῶν ὑποβληθεισῶν προτάσεων καὶ τῆς ἐκθέσεως τῶν εἰδικῶν.
Ὁ κ. ὑπουργὸς τῶν Ἐξωτερικῶν ἐδήλωσε χθὲς ὅτι ἡ κυβέρνησις παρακολουθεῖ στενῶς τὴν ἐξέλιξιν τῆς καταστάσεως καὶ ὅτι αἱ ἀπαραίτητοι ἐνέργειαι θὰ γίνουν ἐντὸς τῶν προσεχῶν ἡμερῶν. Κατὰ τὰς αὐτὰς πληροφορίας αἱ συνομιλίαι συνεχίζονται μεταξὺ τῶν ἀντιπροσωπειῶν ὑπὸ τὴν προεδρίαν τοῦ γενικοῦ γραμματέως. Ἐπίσης ἀνεκοινώθη ὅτι ἡ ἐπιτροπὴ θὰ συνέλθῃ ἐκ νέου πρὸς ἐξέτασιν τῶν ὑποβληθεισῶν προτάσεων καὶ τῆς ἐκθέσεως τῶν εἰδικῶν.
Ὁ κ. ὑπουργὸς τῶν Ἐξωτερικῶν ἐδήλωσε χθὲς ὅτι ἡ κυβέρνησις παρακολουθεῖ στενῶς τὴν ἐξέλιξιν τῆς καταστάσεως καὶ ὅτι αἱ ἀπαραίτητοι ἐνέργειαι θὰ γίνουν ἐντὸς τῶν προσεχῶν ἡμερῶν. Κατὰ τὰς αὐτὰς πληροφορίας αἱ συνομιλίαι συνεχίζονται μεταξὺ τῶν ἀντιπροσωπειῶν ὑπὸ τὴν προεδρίαν τοῦ γενικοῦ γραμματέως. Ἐπίσης ἀνεκοινώθη ὅτι ἡ ἐπιτροπὴ θὰ συνέλθῃ ἐκ νέου πρὸς ἐξέτασιν τῶν ὑποβληθεισῶν προτάσεων καὶ τῆς ἐκθέσεως τῶν εἰδικῶν.
ΔΗΛΩΣΕΙΣ ΤΟΥ Κ. ΣΓΟΥΡΔΑΙΟΥ
Ὁ κ. ὑπουργὸς τῶν Ἐξωτερικῶν ἐδήλωσε χθὲς ὅτι ἡ κυβέρνησις παρακολουθεῖ στενῶς τὴν ἐξέλιξιν τῆς καταστάσεως καὶ ὅτι αἱ ἀπαραίτητοι ἐνέργειαι θὰ γίνουν ἐντὸς τῶν προσεχῶν ἡμερῶν. Κατὰ τὰς αὐτὰς πληροφορίας αἱ συνομιλίαι συνεχίζονται μεταξὺ τῶν ἀντιπροσωπειῶν ὑπὸ τὴν προεδρίαν τοῦ γενικοῦ γραμματέως. Ἐπίσης ἀνεκοινώθη ὅτι ἡ ἐπιτροπὴ θὰ συνέλθῃ ἐκ νέου πρὸς ἐξέτασιν τῶν ὑποβληθεισῶν προτάσεων καὶ τῆς ἐκθέσεως τῶν εἰδικῶν.
Ὁ κ. ὑπουργὸς τῶν Ἐξωτερικῶν ἐδήλωσε χθὲς ὅτι ἡ κυβέρνησις παρακολουθεῖ στενῶς τὴν ἐξέλιξιν τῆς καταστάσεως καὶ ὅτι αἱ ἀπαραίτητοι ἐνέργειαι θὰ γίνουν ἐντὸς τῶν προσεχῶν ἡμερῶν. Κατὰ τὰς αὐτὰς πληροφορίας αἱ συνομιλίαι συνεχίζονται μεταξὺ τῶν ἀντιπροσωπειῶν ὑπὸ τὴν προεδρίαν τοῦ γενικοῦ γραμματέως. Ἐπίσης ἀνεκοινώθη ὅτι ἡ ἐπιτροπὴ θὰ συνέλθῃ ἐκ νέου πρὸς ἐξέτασιν τῶν ὑποβληθεισῶν προτάσεων καὶ τῆς ἐκθέσεως τῶν εἰδικῶν.
Ὁ κ. ὑπουργὸς τῶν Ἐξωτερικῶν ἐδήλωσε χθὲς ὅτι ἡ κυβέρνησις παρακολουθεῖ στενῶς τὴν ἐξέλιξιν τῆς καταστάσεως καὶ ὅτι αἱ ἀπαραίτητοι ἐνέργειαι θὰ γίνουν ἐντὸς τῶν προσεχῶν ἡμερῶν. Κατὰ τὰς αὐτὰς πληροφορίας αἱ συνομιλίαι συνεχίζονται μεταξὺ τῶν ἀντιπροσωπειῶν ὑπὸ τὴν προεδρίαν τοῦ γενικοῦ γραμματέως. Ἐπίσης ἀνεκοινώθη ὅτι ἡ ἐπιτροπὴ θὰ συνέλθῃ ἐκ νέου πρὸς ἐξέτασιν τῶν ὑποβληθεισῶν προτάσεων καὶ τῆς ἐκθέσεως τῶν εἰδικῶν.
ΕΙΣ ΤΟΝ Ο.Η.Ε.
Ὁ κ. ὑπουργὸς τῶν Ἐξωτερικῶν ἐδήλωσε χθὲς ὅτι ἡ κυβέρνησις παρακολουθεῖ στενῶς τὴν ἐξέλιξιν τῆς καταστάσεως καὶ ὅτι αἱ ἀπαραίτητοι ἐνέργειαι θὰ γίνουν ἐντὸς τῶν προσεχῶν ἡμερῶν. Κατὰ τὰς αὐτὰς πληροφορίας αἱ συνομιλίαι συνεχίζονται μεταξὺ τῶν ἀντιπροσωπειῶν ὑπὸ τὴν προεδρίαν τοῦ γενικοῦ γραμματέως. Ἐπίσης ἀνεκοινώθη ὅτι ἡ ἐπιτροπὴ θὰ συνέλθῃ ἐκ νέου πρὸς ἐξέτασιν τῶν ὑποβληθεισῶν προτάσεων καὶ τῆς ἐκθέσεως τῶν εἰδικῶν.
ΚΑΙ ΤΟ ΝΑΤΟ
Ὁ κ. ὑπουργὸς τῶν Ἐξωτερικῶν ἐδήλωσε χθὲς ὅτι ἡ κυβέρνησις παρακολουθεῖ στενῶς τὴν ἐξέλιξιν τῆς καταστάσεως καὶ ὅτι αἱ ἀπαραίτητοι ἐνέργειαι θὰ γίνουν ἐντὸς τῶν προσεχῶν ἡμερῶν. Κατὰ τὰς αὐτὰς πληροφορίας αἱ συνομιλίαι συνεχίζονται μεταξὺ τῶν ἀντιπροσωπειῶν ὑπὸ τὴν προεδρίαν τοῦ γενικοῦ γραμματέως. Ἐπίσης ἀνεκοινώθη ὅτι ἡ ἐπιτροπὴ θὰ συνέλθῃ ἐκ νέου πρὸς ἐξέτασιν τῶν ὑποβληθεισῶν προτάσεων καὶ τῆς ἐκθέσεως τῶν εἰδικῶν.
ΚΑΤΑΠΑΥΣΙΣ ΠΥΡΑ
Ὁ κ. ὑπουργὸς τῶν Ἐξωτερικῶν ἐδήλωσε χθὲς ὅτι ἡ κυβέρνησις παρακολουθεῖ στενῶς τὴν ἐξέλιξιν τῆς καταστάσεως καὶ ὅτι αἱ ἀπαραίτητοι ἐνέργειαι θὰ γίνουν ἐντὸς τῶν προσεχῶν ἡμερῶν. Κατὰ τὰς αὐτὰς πληροφορίας αἱ συνομιλίαι συνεχίζονται μεταξὺ τῶν ἀντιπροσωπειῶν ὑπὸ τὴν προεδρίαν τοῦ γενικοῦ γραμματέως. Ἐπίσης ἀνεκοινώθη ὅτι ἡ ἐπιτροπὴ θὰ συνέλθῃ ἐκ νέου πρὸς ἐξέτασιν τῶν ὑποβληθεισῶν προτάσεων καὶ τῆς ἐκθέσεως τῶν εἰδικῶν.
Ὁ κ. ὑπουργὸς τῶν Ἐξωτερικῶν ἐδήλωσε χθὲς ὅτι ἡ κυβέρνησις παρακολουθεῖ στενῶς τὴν ἐξέλιξιν τῆς καταστάσεως καὶ ὅτι αἱ ἀπαραίτητοι ἐνέργειαι θὰ γίνουν ἐντὸς τῶν προσεχῶν ἡμερῶν. Κατὰ τὰς αὐτὰς πληροφορίας αἱ συνομιλίαι συνεχίζονται μεταξὺ τῶν ἀντιπροσωπειῶν ὑπὸ τὴν προεδρίαν τοῦ γενικοῦ γραμματέως. Ἐπίσης ἀνεκοινώθη ὅτι ἡ ἐπιτροπὴ θὰ συνέλθῃ ἐκ νέου πρὸς ἐξέτασιν τῶν ὑποβληθεισῶν προτάσεων καὶ τῆς ἐκθέσεως τῶν εἰδικῶν.
ΑΠΙΝΤΗΣΕΝ Η ΦΡΟΥΡΑ
Ὁ κ. ὑπουργὸς τῶν Ἐξωτερικῶν ἐδήλωσε χθὲς ὅτι ἡ κυβέρνησις παρακολουθεῖ στενῶς τὴν ἐξέλιξιν τῆς καταστάσεως καὶ ὅτι αἱ ἀπαραίτητοι ἐνέργειαι θὰ γίνουν ἐντὸς τῶν προσεχῶν ἡμερῶν. Κατὰ τὰς αὐτὰς πληροφορίας αἱ συνομιλίαι συνεχίζονται μεταξὺ τῶν ἀντιπροσωπειῶν ὑπὸ τὴν προεδρίαν τοῦ γενικοῦ γραμματέως. Ἐπίσης ἀνεκοινώθη ὅτι ἡ ἐπιτροπὴ θὰ συνέλθῃ ἐκ νέου πρὸς ἐξέτασιν τῶν ὑποβληθεισῶν προτάσεων καὶ τῆς ἐκθέσεως τῶν εἰδικῶν.
ΚΑΤΑ ΝΟΣΟΚΟΜΕΙΟΥ
Ὁ κ. ὑπουργὸς τῶν Ἐξωτερικῶν ἐδήλωσε χθὲς ὅτι ἡ κυβέρνησις παρακολουθεῖ στενῶς τὴν ἐξέλιξιν τῆς καταστάσεως καὶ ὅτι αἱ ἀπαραίτητοι ἐνέργειαι θὰ γίνουν ἐντὸς τῶν προσεχῶν ἡμερῶν. Κατὰ τὰς αὐτὰς πληροφορίας αἱ συνομιλίαι συνεχίζονται μεταξὺ τῶν ἀντιπροσωπειῶν ὑπὸ τὴν προεδρίαν τοῦ γενικοῦ γραμματέως. Ἐπίσης ἀνεκοινώθη ὅτι ἡ ἐπιτροπὴ θὰ συνέλθῃ ἐκ νέου πρὸς ἐξέτασιν τῶν ὑποβληθεισῶν προτάσεων καὶ τῆς ἐκθέσεως τῶν εἰδικῶν.
ΚΑΙ ΕΙΣ ΛΕΥΚΩΣΙΑΝ
Ὁ κ. ὑπουργὸς τῶν Ἐξωτερικῶν ἐδήλωσε χθὲς ὅτι ἡ κυβέρνησις παρακολουθεῖ στενῶς τὴν ἐξέλιξιν τῆς καταστάσεως καὶ ὅτι αἱ ἀπαραίτητοι ἐνέργειαι θὰ γίνουν ἐντὸς τῶν προσεχῶν ἡμερῶν. Κατὰ τὰς αὐτὰς πληροφορίας αἱ συνομιλίαι συνεχίζονται μεταξὺ τῶν ἀντιπροσωπειῶν ὑπὸ τὴν προεδρίαν τοῦ γενικοῦ γραμματέως. Ἐπίσης ἀνεκοινώθη ὅτι ἡ ἐπιτροπὴ θὰ συνέλθῃ ἐκ νέου πρὸς ἐξέτασιν τῶν ὑποβληθεισῶν προτάσεων καὶ τῆς ἐκθέσεως τῶν εἰδικῶν.
ΕΠΙΚΙΝΔΥΝΟΣ ΕΝΤΑΣΙΣ
Ὁ κ. ὑπουργὸς τῶν Ἐξωτερικῶν ἐδήλωσε χθὲς ὅτι ἡ κυβέρνησις παρακολουθεῖ στενῶς τὴν ἐξέλιξιν τῆς καταστάσεως καὶ ὅτι αἱ ἀπαραίτητοι ἐνέργειαι θὰ γίνουν ἐντὸς τῶν προσεχῶν ἡμερῶν. Κατὰ τὰς αὐτὰς πληροφορίας αἱ συνομιλίαι συνεχίζονται μεταξὺ τῶν ἀντιπροσωπειῶν ὑπὸ τὴν προεδρίαν τοῦ γενικοῦ γραμματέως. Ἐπίσης ἀνεκοινώθη ὅτι ἡ ἐπιτροπὴ θὰ συνέλθῃ ἐκ νέου πρὸς ἐξέτασιν τῶν ὑποβληθεισῶν προτάσεων καὶ τῆς ἐκθέσεως τῶν εἰδικῶν.
ΣΥΓΚΕΝΤΡΩΣΕΙΣ ΔΙΑΜΑΡΤΥΡΙΑΣ ΕΙΣ ΑΘΗΝΑΣ ΔΙΑ ΤΑΣ ΤΟΥΡΚΙΚΑΣ ΠΡΟΚΛΗΣΕΙΣ ΕΝ ΚΥΠΡΩ
ΑΘΗΝΑΙ, 4. —
Ὁ κ. ὑπουργὸς τῶν Ἐξωτερικῶν ἐδήλωσε χθὲς ὅτι ἡ κυβέρνησις παρακολουθεῖ στενῶς τὴν ἐξέλιξιν τῆς καταστάσεως καὶ ὅτι αἱ ἀπαραίτητοι ἐνέργειαι θὰ γίνουν ἐντὸς τῶν προσεχῶν ἡμερῶν. Κατὰ τὰς αὐτὰς πληροφορίας αἱ συνομιλίαι συνεχίζονται μεταξὺ τῶν ἀντιπροσωπειῶν ὑπὸ τὴν προεδρίαν τοῦ γενικοῦ γραμματέως. Ἐπίσης ἀνεκοινώθη ὅτι ἡ ἐπιτροπὴ θὰ συνέλθῃ ἐκ νέου πρὸς ἐξέτασιν τῶν ὑποβληθεισῶν προτάσεων καὶ τῆς ἐκθέσεως τῶν εἰδικῶν.
ΣΥΝΑΓΕΡΜΟΣ
Ὁ κ. ὑπουργὸς τῶν Ἐξωτερικῶν ἐδήλωσε χθὲς ὅτι ἡ κυβέρνησις παρακολουθεῖ στενῶς τὴν ἐξέλιξιν τῆς καταστάσεως καὶ ὅτι αἱ ἀπαραίτητοι ἐνέργειαι θὰ γίνουν ἐντὸς τῶν προσεχῶν ἡμερῶν. Κατὰ τὰς αὐτὰς πληροφορίας αἱ συνομιλίαι συνεχίζονται μεταξὺ τῶν ἀντιπροσωπειῶν ὑπὸ τὴν προεδρίαν τοῦ γενικοῦ γραμματέως. Ἐπίσης ἀνεκοινώθη ὅτι ἡ ἐπιτροπὴ θὰ συνέλθῃ ἐκ νέου πρὸς ἐξέτασιν τῶν ὑποβληθεισῶν προτάσεων καὶ τῆς ἐκθέσεως τῶν εἰδικῶν.
Ὁ κ. ὑπουργὸς τῶν Ἐξωτερικῶν ἐδήλωσε χθὲς ὅτι ἡ κυβέρνησις παρακολουθεῖ στενῶς τὴν ἐξέλιξιν τῆς καταστάσεως καὶ ὅτι αἱ ἀπαραίτητοι ἐνέργειαι θὰ γίνουν ἐντὸς τῶν προσεχῶν ἡμερῶν. Κατὰ τὰς αὐτὰς πληροφορίας αἱ συνομιλίαι συνεχίζονται μεταξὺ τῶν ἀντιπροσωπειῶν ὑπὸ τὴν προεδρίαν τοῦ γενικοῦ γραμματέως. Ἐπίσης ἀνεκοινώθη ὅτι ἡ ἐπιτροπὴ θὰ συνέλθῃ ἐκ νέου πρὸς ἐξέτασιν τῶν ὑποβληθεισῶν προτάσεων καὶ τῆς ἐκθέσεως τῶν εἰδικῶν.
Ὁ κ. ὑπουργὸς τῶν Ἐξωτερικῶν ἐδήλωσε χθὲς ὅτι ἡ κυβέρνησις παρακολουθεῖ στενῶς τὴν ἐξέλιξιν τῆς καταστάσεως καὶ ὅτι αἱ ἀπαραίτητοι ἐνέργειαι θὰ γίνουν ἐντὸς τῶν προσεχῶν ἡμερῶν. Κατὰ τὰς αὐτὰς πληροφορίας αἱ συνομιλίαι συνεχίζονται μεταξὺ τῶν ἀντιπροσωπειῶν ὑπὸ τὴν προεδρίαν τοῦ γενικοῦ γραμματέως. Ἐπίσης ἀνεκοινώθη ὅτι ἡ ἐπιτροπὴ θὰ συνέλθῃ ἐκ νέου πρὸς ἐξέτασιν τῶν ὑποβληθεισῶν προτάσεων καὶ τῆς ἐκθέσεως τῶν εἰδικῶν.
Ὁ κ. ὑπουργὸς τῶν Ἐξωτερικῶν ἐδήλωσε χθὲς ὅτι ἡ κυβέρνησις παρακολουθεῖ στενῶς τὴν ἐξέλιξιν τῆς καταστάσεως καὶ ὅτι αἱ ἀπαραίτητοι ἐνέργειαι θὰ γίνουν ἐντὸς τῶν προσεχῶν ἡμερῶν. Κατὰ τὰς αὐτὰς πληροφορίας αἱ συνομιλίαι συνεχίζονται μεταξὺ τῶν ἀντιπροσωπειῶν ὑπὸ τὴν προεδρίαν τοῦ γενικοῦ γραμματέως. Ἐπίσης ἀνεκοινώθη ὅτι ἡ ἐπιτροπὴ θὰ συνέλθῃ ἐκ νέου πρὸς ἐξέτασιν τῶν ὑποβληθεισῶν προτάσεων καὶ τῆς ἐκθέσεως τῶν εἰδικῶν.
Ὁ κ. ὑπουργὸς τῶν Ἐξωτερικῶν ἐδήλωσε χθὲς ὅτι ἡ κυβέρνησις παρακολουθεῖ στενῶς τὴν ἐξέλιξιν τῆς καταστάσεως καὶ ὅτι αἱ ἀπαραίτητοι ἐνέργειαι θὰ γίνουν ἐντὸς τῶν προσεχῶν ἡμερῶν. Κατὰ τὰς αὐτὰς πληροφορίας αἱ συνομιλίαι συνεχίζονται μεταξὺ τῶν ἀντιπροσωπειῶν ὑπὸ τὴν προεδρίαν τοῦ γενικοῦ γραμματέως. Ἐπίσης ἀνεκοινώθη ὅτι ἡ ἐπιτροπὴ θὰ συνέλθῃ ἐκ νέου πρὸς ἐξέτασιν τῶν ὑποβληθεισῶν προτάσεων καὶ τῆς ἐκθέσεως τῶν εἰδικῶν.
Η ΣΤΑΣΙΣ ΤΩΝ ΣΟΥΗΔΩΝ
Ὁ κ. ὑπουργὸς τῶν Ἐξωτερικῶν ἐδήλωσε χθὲς ὅτι ἡ κυβέρνησις παρακολουθεῖ στενῶς τὴν ἐξέλιξιν τῆς καταστάσεως καὶ ὅτι αἱ ἀπαραίτητοι ἐνέργειαι θὰ γίνουν ἐντὸς τῶν προσεχῶν ἡμερῶν. Κατὰ τὰς αὐτὰς πληροφορίας αἱ συνομιλίαι συνεχίζονται μεταξὺ τῶν ἀντιπροσωπειῶν ὑπὸ τὴν προεδρίαν τοῦ γενικοῦ γραμματέως. Ἐπίσης ἀνεκοινώθη ὅτι ἡ ἐπιτροπὴ θὰ συνέλθῃ ἐκ νέου πρὸς ἐξέτασιν τῶν ὑποβληθεισῶν προτάσεων καὶ τῆς ἐκθέσεως τῶν εἰδικῶν.
ΠΕΡΙΠΟΛΙΑΙ
Ὁ κ. ὑπουργὸς τῶν Ἐξωτερικῶν ἐδήλωσε χθὲς ὅτι ἡ κυβέρνησις παρακολουθεῖ στενῶς τὴν ἐξέλιξιν τῆς καταστάσεως καὶ ὅτι αἱ ἀπαραίτητοι ἐνέργειαι θὰ γίνουν ἐντὸς τῶν προσεχῶν ἡμερῶν. Κατὰ τὰς αὐτὰς πληροφορίας αἱ συνομιλίαι συνεχίζονται μεταξὺ τῶν ἀντιπροσωπειῶν ὑπὸ τὴν προεδρίαν τοῦ γενικοῦ γραμματέως. Ἐπίσης ἀνεκοινώθη ὅτι ἡ ἐπιτροπὴ θὰ συνέλθῃ ἐκ νέου πρὸς ἐξέτασιν τῶν ὑποβληθεισῶν προτάσεων καὶ τῆς ἐκθέσεως τῶν εἰδικῶν.
ΔΕΝ ΘΑ ΜΕΤΑΒΗ ΕΙΣ ΤΟΝ Ο.Η.Ε.
Ὁ κ. ὑπουργὸς τῶν Ἐξωτερικῶν ἐδήλωσε χθὲς ὅτι ἡ κυβέρνησις παρακολουθεῖ στενῶς τὴν ἐξέλιξιν τῆς καταστάσεως καὶ ὅτι αἱ ἀπαραίτητοι ἐνέργειαι θὰ γίνουν ἐντὸς τῶν προσεχῶν ἡμερῶν. Κατὰ τὰς αὐτὰς πληροφορίας αἱ συνομιλίαι συνεχίζονται μεταξὺ τῶν ἀντιπροσωπειῶν ὑπὸ τὴν προεδρίαν τοῦ γενικοῦ γραμματέως. Ἐπίσης ἀνεκοινώθη ὅτι ἡ ἐπιτροπὴ θὰ συνέλθῃ ἐκ νέου πρὸς ἐξέτασιν τῶν ὑποβληθεισῶν προτάσεων καὶ τῆς ἐκθέσεως τῶν εἰδικῶν.
ΔΙΑΠΙΣΤΩΣΕΙΣ ΤΟΥ ΤΣΙΜΑΓΙΑ
Ὁ κ. ὑπουργὸς τῶν Ἐξωτερικῶν ἐδήλωσε χθὲς ὅτι ἡ κυβέρνησις παρακολουθεῖ στενῶς τὴν ἐξέλιξιν τῆς καταστάσεως καὶ ὅτι αἱ ἀπαραίτητοι ἐνέργειαι θὰ γίνουν ἐντὸς τῶν προσεχῶν ἡμερῶν. Κατὰ τὰς αὐτὰς πληροφορίας αἱ συνομιλίαι συνεχίζονται μεταξὺ τῶν ἀντιπροσωπειῶν ὑπὸ τὴν προεδρίαν τοῦ γενικοῦ γραμματέως. Ἐπίσης ἀνεκοινώθη ὅτι ἡ ἐπιτροπὴ θὰ συνέλθῃ ἐκ νέου πρὸς ἐξέτασιν τῶν ὑποβληθεισῶν προτάσεων καὶ τῆς ἐκθέσεως τῶν εἰδικῶν.
ΑΙ ΠΡΟΘΕΣΕΙΣ
Ὁ κ. ὑπουργὸς τῶν Ἐξωτερικῶν ἐδήλωσε χθὲς ὅτι ἡ κυβέρνησις παρακολουθεῖ στενῶς τὴν ἐξέλιξιν τῆς καταστάσεως καὶ ὅτι αἱ ἀπαραίτητοι ἐνέργειαι θὰ γίνουν ἐντὸς τῶν προσεχῶν ἡμερῶν. Κατὰ τὰς αὐτὰς πληροφορίας αἱ συνομιλίαι συνεχίζονται μεταξὺ τῶν ἀντιπροσωπειῶν ὑπὸ τὴν προεδρίαν τοῦ γενικοῦ γραμματέως. Ἐπίσης ἀνεκοινώθη ὅτι ἡ ἐπιτροπὴ θὰ συνέλθῃ ἐκ νέου πρὸς ἐξέτασιν τῶν ὑποβληθεισῶν προτάσεων καὶ τῆς ἐκθέσεως τῶν εἰδικῶν.
ΝΕΟΝ Π.Δ. ΠΕΡΙ ΤΥΠΟΥ
Ὁ κ. ὑπουργὸς τῶν Ἐξωτερικῶν ἐδήλωσε χθὲς ὅτι ἡ κυβέρνησις παρακολουθεῖ στενῶς τὴν ἐξέλιξιν τῆς καταστάσεως καὶ ὅτι αἱ ἀπαραίτητοι ἐνέργειαι θὰ γίνουν ἐντὸς τῶν προσεχῶν ἡμερῶν. Κατὰ τὰς αὐτὰς πληροφορίας αἱ συνομιλίαι συνεχίζονται μεταξὺ τῶν ἀντιπροσωπειῶν ὑπὸ τὴν προεδρίαν τοῦ γενικοῦ γραμματέως. Ἐπίσης ἀνεκοινώθη ὅτι ἡ ἐπιτροπὴ θὰ συνέλθῃ ἐκ νέου πρὸς ἐξέτασιν τῶν ὑποβληθεισῶν προτάσεων καὶ τῆς ἐκθέσεως τῶν εἰδικῶν.
ΜΙΚΡΑΙ ΕΞΩΤΕΡΙΚΑΙ ΕΙΔΗΣΕΙΣ
Ὁ κ. ὑπουργὸς τῶν Ἐξωτερικῶν ἐδήλωσε χθὲς ὅτι ἡ κυβέρνησις παρακολουθεῖ στενῶς τὴν ἐξέλιξιν τῆς καταστάσεως καὶ ὅτι αἱ ἀπαραίτητοι ἐνέργειαι θὰ γίνουν ἐντὸς τῶν προσεχῶν ἡμερῶν. Κατὰ τὰς αὐτὰς πληροφορίας αἱ συνομιλίαι συνεχίζονται μεταξὺ τῶν ἀντιπροσωπειῶν ὑπὸ τὴν προεδρίαν τοῦ γενικοῦ γραμματέως. Ἐπίσης ἀνεκοινώθη ὅτι ἡ ἐπιτροπὴ θὰ συνέλθῃ ἐκ νέου πρὸς ἐξέτασιν τῶν ὑποβληθεισῶν προτάσεων καὶ τῆς ἐκθέσεως τῶν εἰδικῶν.
Ὁ κ. ὑπουργὸς τῶν Ἐξωτερικῶν ἐδήλωσε χθὲς ὅτι ἡ κυβέρνησις παρακολουθεῖ στενῶς τὴν ἐξέλιξιν τῆς καταστάσεως καὶ ὅτι αἱ ἀπαραίτητοι ἐνέργειαι θὰ γίνουν ἐντὸς τῶν προσεχῶν ἡμερῶν. Κατὰ τὰς αὐτὰς πληροφορίας αἱ συνομιλίαι συνεχίζονται μεταξὺ τῶν ἀντιπροσωπειῶν ὑπὸ τὴν προεδρίαν τοῦ γενικοῦ γραμματέως. Ἐπίσης ἀνεκοινώθη ὅτι ἡ ἐπιτροπὴ θὰ συνέλθῃ ἐκ νέου πρὸς ἐξέτασιν τῶν ὑποβληθεισῶν προτάσεων καὶ τῆς ἐκθέσεως τῶν εἰδικῶν.
Ὁ κ. ὑπουργὸς τῶν Ἐξωτερικῶν ἐδήλωσε χθὲς ὅτι ἡ κυβέρνησις παρακολουθεῖ στενῶς τὴν ἐξέλιξιν τῆς καταστάσεως καὶ ὅτι αἱ ἀπαραίτητοι ἐνέργειαι θὰ γίνουν ἐντὸς τῶν προσεχῶν ἡμερῶν. Κατὰ τὰς αὐτὰς πληροφορίας αἱ συνομιλίαι συνεχίζονται μεταξὺ τῶν ἀντιπροσωπειῶν ὑπὸ τὴν προεδρίαν τοῦ γενικοῦ γραμματέως. Ἐπίσης ἀνεκοινώθη ὅτι ἡ ἐπιτροπὴ θὰ συνέλθῃ ἐκ νέου πρὸς ἐξέτασιν τῶν ὑποβληθεισῶν προτάσεων καὶ τῆς ἐκθέσεως τῶν εἰδικῶν.
Ὁ κ. ὑπουργὸς τῶν Ἐξωτερικῶν ἐδήλωσε χθὲς ὅτι ἡ κυβέρνησις παρακολουθεῖ στενῶς τὴν ἐξέλιξιν τῆς καταστάσεως καὶ ὅτι αἱ ἀπαραίτητοι ἐνέργειαι θὰ γίνουν ἐντὸς τῶν προσεχῶν ἡμερῶν. Κατὰ τὰς αὐτὰς πληροφορίας αἱ συνομιλίαι συνεχίζονται μεταξὺ τῶν ἀντιπροσωπειῶν ὑπὸ τὴν προεδρίαν τοῦ γενικοῦ γραμματέως. Ἐπίσης ἀνεκοινώθη ὅτι ἡ ἐπιτροπὴ θὰ συνέλθῃ ἐκ νέου πρὸς ἐξέτασιν τῶν ὑποβληθεισῶν προτάσεων καὶ τῆς ἐκθέσεως τῶν εἰδικῶν.
Ὁ κ. ὑπουργὸς τῶν Ἐξωτερικῶν ἐδήλωσε χθὲς ὅτι ἡ κυβέρνησις παρακολουθεῖ στενῶς τὴν ἐξέλιξιν τῆς καταστάσεως καὶ ὅτι αἱ ἀπαραίτητοι ἐνέργειαι θὰ γίνουν ἐντὸς τῶν προσεχῶν ἡμερῶν. Κατὰ τὰς αὐτὰς πληροφορίας αἱ συνομιλίαι συνεχίζονται μεταξὺ τῶν ἀντιπροσωπειῶν ὑπὸ τὴν προεδρίαν τοῦ γενικοῦ γραμματέως. Ἐπίσης ἀνεκοινώθη ὅτι ἡ ἐπιτροπὴ θὰ συνέλθῃ ἐκ νέου πρὸς ἐξέτασιν τῶν ὑποβληθεισῶν προτάσεων καὶ τῆς ἐκθέσεως τῶν εἰδικῶν.
Ὁ κ. ὑπουργὸς τῶν Ἐξωτερικῶν ἐδήλωσε χθὲς ὅτι ἡ κυβέρνησις παρακολουθεῖ στενῶς τὴν ἐξέλιξιν τῆς καταστάσεως καὶ ὅτι αἱ ἀπαραίτητοι ἐνέργειαι θὰ γίνουν ἐντὸς τῶν προσεχῶν ἡμερῶν. Κατὰ τὰς αὐτὰς πληροφορίας αἱ συνομιλίαι συνεχίζονται μεταξὺ τῶν ἀντιπροσωπειῶν ὑπὸ τὴν προεδρίαν τοῦ γενικοῦ γραμματέως. Ἐπίσης ἀνεκοινώθη ὅτι ἡ ἐπιτροπὴ θὰ συνέλθῃ ἐκ νέου πρὸς ἐξέτασιν τῶν ὑποβληθεισῶν προτάσεων καὶ τῆς ἐκθέσεως τῶν εἰδικῶν.
Η ΓΑΛΛΟΣΟΒΙΕΤΙΚΗ ΠΡΟΣΕΓΓΙΣΙΣ ΘΑ ΕΧΗ ΕΥΜΕΝΕΙΣ ΔΙΑ ΤΗΝ ΕΥΡΩΠΗΝ ΕΠΙΠΤΩΣΕΙΣ
ΜΟΣΧΑ, 4. (ΝΤ. ΤΆΙΜΣ).
Ὁ κ. ὑπουργὸς τῶν Ἐξωτερικῶν ἐδήλωσε χθὲς ὅτι ἡ κυβέρνησις παρακολουθεῖ στενῶς τὴν ἐξέλιξιν τῆς καταστάσεως καὶ ὅτι αἱ ἀπαραίτητοι ἐνέργειαι θὰ γίνουν ἐντὸς τῶν προσεχῶν ἡμερῶν. Κατὰ τὰς αὐτὰς πληροφορίας αἱ συνομιλίαι συνεχίζονται μεταξὺ τῶν ἀντιπροσωπειῶν ὑπὸ τὴν προεδρίαν τοῦ γενικοῦ γραμματέως. Ἐπίσης ἀνεκοινώθη ὅτι ἡ ἐπιτροπὴ θὰ συνέλθῃ ἐκ νέου πρὸς ἐξέτασιν τῶν ὑποβληθεισῶν προτάσεων καὶ τῆς ἐκθέσεως τῶν εἰδικῶν.
Ὁ κ. ὑπουργὸς τῶν Ἐξωτερικῶν ἐδήλωσε χθὲς ὅτι ἡ κυβέρνησις παρακολουθεῖ στενῶς τὴν ἐξέλιξιν τῆς καταστάσεως καὶ ὅτι αἱ ἀπαραίτητοι ἐνέργειαι θὰ γίνουν ἐντὸς τῶν προσεχῶν ἡμερῶν. Κατὰ τὰς αὐτὰς πληροφορίας αἱ συνομιλίαι συνεχίζονται μεταξὺ τῶν ἀντιπροσωπειῶν ὑπὸ τὴν προεδρίαν τοῦ γενικοῦ γραμματέως. Ἐπίσης ἀνεκοινώθη ὅτι ἡ ἐπιτροπὴ θὰ συνέλθῃ ἐκ νέου πρὸς ἐξέτασιν τῶν ὑποβληθεισῶν προτάσεων καὶ τῆς ἐκθέσεως τῶν εἰδικῶν.
Ὁ κ. ὑπουργὸς τῶν Ἐξωτερικῶν ἐδήλωσε χθὲς ὅτι ἡ κυβέρνησις παρακολουθεῖ στενῶς τὴν ἐξέλιξιν τῆς καταστάσεως καὶ ὅτι αἱ ἀπαραίτητοι ἐνέργειαι θὰ γίνουν ἐντὸς τῶν προσεχῶν ἡμερῶν. Κατὰ τὰς αὐτὰς πληροφορίας αἱ συνομιλίαι συνεχίζονται μεταξὺ τῶν ἀντιπροσωπειῶν ὑπὸ τὴν προεδρίαν τοῦ γενικοῦ γραμματέως. Ἐπίσης ἀνεκοινώθη ὅτι ἡ ἐπιτροπὴ θὰ συνέλθῃ ἐκ νέου πρὸς ἐξέτασιν τῶν ὑποβληθεισῶν προτάσεων καὶ τῆς ἐκθέσεως τῶν εἰδικῶν.
Η ΝΟΡΒΗΓΙΑ ΔΕΝ ΜΕΤΕΧΕΙ ΕΙΣ ΤΗΝ ΔΙΑΣΚΕΨΙΝ ΤΩΝ ΥΠΟΥΡΓΩΝ ΑΜΥΝΗΣ ΤΟΥ ΝΑΤΟ
ΟΣΛΟ, 4. (ΝΙΟΎΓ. ΤΆΙΜΣ).
Κατὰ τὰς πληροφορίας τῶν πρακτορείων αἱ συνομιλίαι θὰ συνεχισθοῦν καὶ αὔριον εἰς τὴν πρωτεύουσαν.
Ο ΜΙΧΑΗΛΟΒ ΠΡΟΕΔΡΟΣ ΤΟΥ ΠΡΟΕΔΡΕΙΟΥ ΤΗΣ ΣΟΒ. ΕΝΩΣΕΩΣ
ΜΟΣΧΑ, 4. (ἈΣΣ. ΠΡΈΣ).
Κατὰ τὰς πληροφορίας τῶν πρακτορείων αἱ συνομιλίαι θὰ συνεχισθοῦν καὶ αὔριον εἰς τὴν πρωτεύουσαν.
ΠΕΤΡΕΛΑΙΟΦΟΡΩΝ ΠΡΟΣΗΡΑΞΕ ΝΟΤΙΩΣ ΤΟΥ ΣΟΥΕΖ
ΠΟΡΤ ΣΑΪΝΤ, 4. (ΡΌΥΤΕΡ).
Κατὰ τὰς πληροφορίας τῶν πρακτορείων αἱ συνομιλίαι θὰ συνεχισθοῦν καὶ αὔριον εἰς τὴν πρωτεύουσαν.
ΓΑΛΛΟΙ ΠΟΛΙΤΑΙ ΑΠΕΛΑΥΝΟΝΤΑΙ ΕΞ ΑΛΓΕΡΙΑΣ
ΑΛΓΕΡΙΟΝ, 4. (ΡΌΥΤΕΡ).
Κατὰ τὰς πληροφορίας τῶν πρακτορείων αἱ συνομιλίαι θὰ συνεχισθοῦν καὶ αὔριον εἰς τὴν πρωτεύουσαν.
ΠΡΟΧΩΡΕΙ ΤΑΧΕΩΣ Η ΕΚΒΙΟΜΗΧΑΝΙΣΙΣ ΤΗΣ ΟΥΓΓΑΡΙΑΣ
ΜΟΣΧΑ, 4. (ΤΆΣ, ἈΠΡ.).
Κατὰ τὰς πληροφορίας τῶν πρακτορείων αἱ συνομιλίαι θὰ συνεχισθοῦν καὶ αὔριον εἰς τὴν πρωτεύουσαν.
ΕΝΘΟΥΣΙΑΣΜΟΝ ΥΠΟΔΟΧΗΝ ΕΠΕΦΥΛΑΞΕ ΤΟ ΧΟΝΓΚ ΚΟΝΓΚ ΕΙΣ ΤΟ ΖΕΥΓΟΣ ΚΕΝΝΕΔΥ
ΧΟΝΓΚ ΚΟΝΓΚ, 4. (ΡΌΥΤΕΡ).
Κατὰ τὰς πληροφορίας τῶν πρακτορείων αἱ συνομιλίαι θὰ συνεχισθοῦν καὶ αὔριον εἰς τὴν πρωτεύουσαν.
ΑΠΕΓΡΟΥΝ ΟΙ ΣΥΝΤΑΚΤΑΙ ΤΟΥ ΟΡΓΑΝΟΥ ΤΟΥ Κ.Κ. ΒΕΛΓΙΟΥ
ΒΡΥΞΕΛΛΑΙ, 4. (ΡΌΥΤΕΡ).
Κατὰ τὰς πληροφορίας τῶν πρακτορείων αἱ συνομιλίαι θὰ συνεχισθοῦν καὶ αὔριον εἰς τὴν πρωτεύουσαν.
ΒΕΛΤΙΟΥΝΤΑΙ ΑΙ ΣΧΕΣΕΙΣ ΜΕΤΑΞΥ ΑΜΕΡΙΚΑΝΩΝ ΚΑΙ ΛΕΟΠΟΛΔΒΙΛ
ΛΕΟΠΟΛΔΒΙΛ, 4. (ἈΣΣ. ΠΡΈΣ).
Κατὰ τὰς πληροφορίας τῶν πρακτορείων αἱ συνομιλίαι θὰ συνεχισθοῦν καὶ αὔριον εἰς τὴν πρωτεύουσαν.
ΕΦΘΑΣΑΝ ΕΙΣ ΒΕΡΟΛΙΝΟΝ ΟΙ ΑΠΕΛΑΘΕΝΤΕΣ ΕΚ ΤΟΥ ΑΠΟΛΛΟΝΟΣ
ΜΟΣΧΑ, 4. (ΡΌΥΤΕΡ).
Κατὰ τὰς πληροφορίας τῶν πρακτορείων αἱ συνομιλίαι θὰ συνεχισθοῦν καὶ αὔριον εἰς τὴν πρωτεύουσαν.
ΙΑΠΩΝΙΚΟΝ ΗΦΑΙΣΤΕΙΟΝ ΕΤΕΘΗ ΕΝ ΕΝΕΡΓΕΙΑ
ΤΟΚΙΟ, 4. (ΡΌΥΤΕΡ).
Κατὰ τὰς πληροφορίας τῶν πρακτορείων αἱ συνομιλίαι θὰ συνεχισθοῦν καὶ αὔριον εἰς τὴν πρωτεύουσαν.
ΑΙΓΑΙΣ ΠΤΕΡΑΡΧΟΣ ΕΙΣ ΤΗΝ ΑΓΚΥΡΑΝ
ΑΓΚΥΡΑ, 4. (ΝΤ. ΤΆΙΜΣ).
Κατὰ τὰς πληροφορίας τῶν πρακτορείων αἱ συνομιλίαι θὰ συνεχισθοῦν καὶ αὔριον εἰς τὴν πρωτεύουσαν.
Η ΦΟΡΜΟΖΑ ΖΗΤΕΙ ΗΘΙΚΗΝ ΒΟΗΘΕΙΑΝ
ΜΑΝΙΛΛΑ, 4. (ΡΌΥΤΕΡ).
Κατὰ τὰς πληροφορίας τῶν πρακτορείων αἱ συνομιλίαι θὰ συνεχισθοῦν καὶ αὔριον εἰς τὴν πρωτεύουσαν.
Η ΔΥΤ. ΓΕΡΜΑΝΙΑ ΑΓΟΡΑΖΕΙ ΑΜΕΡΙΚΑΝΙΚΟΝ ΣΙΤΟΝ
ΟΥΑΣΙΓΚΤΩΝ, 4. (ἈΣΣ. ΠΡΈΣ).
Κατὰ τὰς πληροφορίας τῶν πρακτορείων αἱ συνομιλίαι θὰ συνεχισθοῦν καὶ αὔριον εἰς τὴν πρωτεύουσαν.
